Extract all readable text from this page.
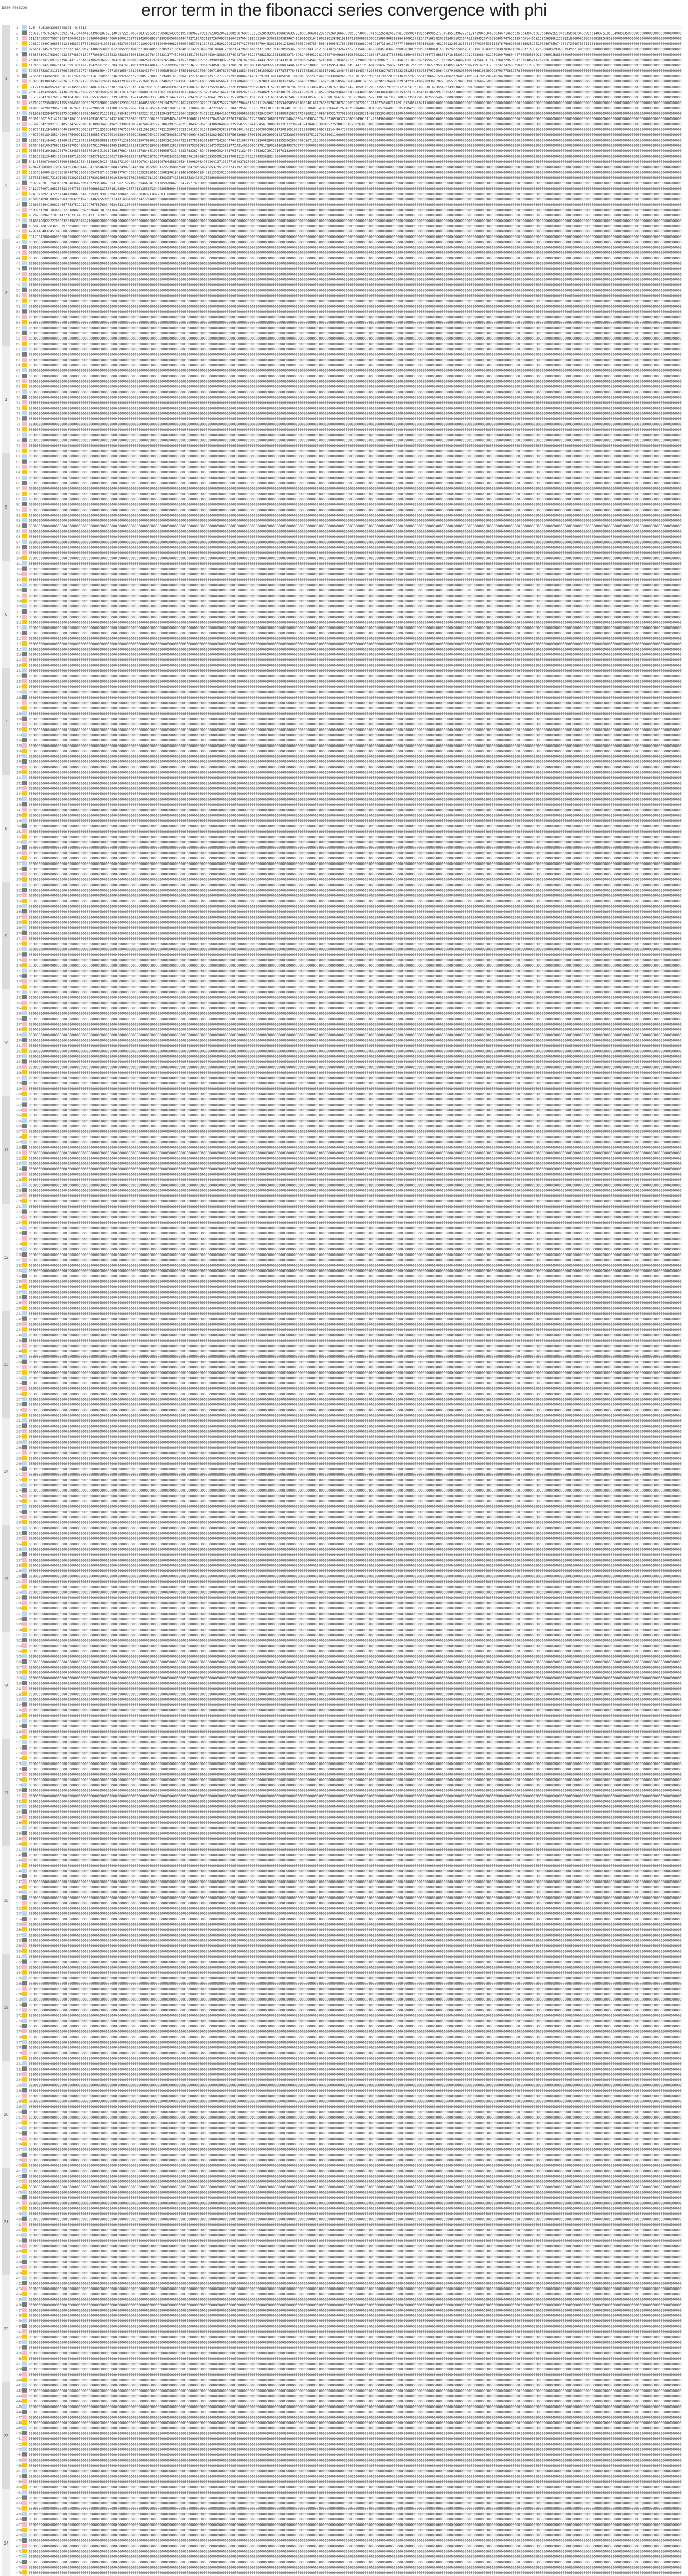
error term in the fibonacci series convergence with phi
base iteration
1
2
3
4
5
6
7
8
9
10
11
12
13
14
15
16
17
18
19
20
21
22
23
24
1	1.0 -0.618033988749895 -0.5813
2	5397197757624240059297417944341833963187628130857225876875837215353696588543935199758967279110923052042126850676800815225285339021686656397223808366341297359260166699005827300097413822658246259812659834191664098527794945523962726121719845844268344714633635064354950106546423273439356587348091361403751858949668350000000000000000000000000000
3	3117145553775974865713040112543596606208844660200017327782428008957428036056000444492718545318572670937916043570043885351094330611393999674162616651642902986138881681871895088093056519908686188848009227925457168582052924831027047115894520746686805747625115430144662258356599123582219569065963706928864868000000000000000000000000000000000000
4	2936294349736608781238683371755250330419951181653700968599129991450140494668285690246579811627231288922796126474276766597904330211001242061000524057834508414905517682556863866990599197258017007774460600769150238446220013259182358109070305538114376760628596816925275200256766074734172640783735131400000000000000000000000000000000000000000000
5	0756342145797333507753216439957013063630068612005593518406710884053962853171351846081329186825981806817576219479400746633713321911828585347858332343125213941873232674322831544896122884518347936609810093593853308401588192567248678192155189430532838783611066283715997262066832934887935621400000000000000000000000000000000000000000000000000000
6	8585301941758067423268748697159777896841185233458286059313301677647783211774526091835170352034630415802357492373643627878622321511535828734796240649327819588740068665198809222793664571868778855635360486327546477366856171885303999196230864322959309706604447669505609214966918885030000000000000000000000000000000000000000000000000000000000000
7	7304450747709792339684371755360430520962292763801078600129002561240405769386701357579821627332399033897237585287876507914431322111243161010535068945619524016617783657973877900699207269027118884560711860261349557321113250293468219080415649115487760729696917035385211267776100000000000000000000000000000000000000000000000000000000000000000000
8	5124508542760426154109914914562194253173309284264761240046693444844227127899876503323672903540948541782017668281000588140240322711060414407473976230800130643595418649649844779596840956377548703496161253095031627395381348501424530074591423017805232742689398402175920000000000000000000000000000000000000000000000000000000000000000000000000000
9	3943567338721151070624547182774858986394426715616554781953284337447049585401041758168423279849697169787897851185243468286159323411778757784311784536102835171462134640415812457402383643627879632332512536829734797250649427929589850068666108809223793775682878000000000000000000000000000000000000000000000000000000000000000000000000000000000000
10	2763616134882885896149179240976611619505532236069246332760985120041861944914126004912274544057357777772677934080476449422978314011485090170159692822393441608330869632291970135309926331987209551367972929663437866215917406237644071052841983701740264700000000000000000000000000000000000000000000000000000000000000000000000000000000000000000000
11	0582664930834510702655712409178385343626649766412939973677576013534582402527391250656025810366006395667457117084600310668788314611103233457098400228685146235107585623966948813205559028237649480293422312496220936170275585555709381946926667690000000000000000000000000000000000000000000000000000000000000000000000000000000000000000000000000000
12	9212713836895244528170345567380048076837766387864722523584167907138304850039466415490876086564755903652237201998843390703697315201910576734836318513887852763074210615742916591102092715597970309129873795230923016135542674963865602940000000000000000000000000000000000000000000000000000000000000000000000000000000000000000000000000000000000000
13	7031871632856978443695978725582702709058873818217414064300868890731126218632641761245627351872314521647127384992076271939406315901638829120774126819178457200942936616518984360008635403846300238154223188164615186099700753271800000000000000000000000000000000000000000000000000000000000000000000000000000000000000000000000000000000000000000000
14	5851820437817603269010410983794565532269080339660207615217459683335848676144717917089478627071064139532907577896200151075315316501345162407623044105370163838819661608383952048905278190196731257080673561998318255054070000000000000000000000000000000000000000000000000000000000000000000000000000000000000000000000000000000000000000000000000000
15	4670979223868337175536043052996229276380197869012990255124040566928669134757982162733229992289713657527787650790443132211124306101053405893461852401661768365787387699069920726901711877456071176916124854732111000000000000000000000000000000000000000000000000000000000000000000000000000000000000000000000000000000000000000000000000000000000000
16	2490037029929062091051676210107982909591214380365792796931741459522481583260167318577089268588472266512567843795676012357933307701870748170309760706853474892664012681835998404808343565706401005951584200000000000000000000000000000000000000000000000000000000000000000000000000000000000000000000000000000000000000000000000000000000000000000000
17	0219086825980796817566209378309646632712321811718485347848332243125113941872232664322830444796121884418347926609800093592843307401588091567247578092154089420531737682601966282714986252056832920000000000000000000000000000000000000000000000000000000000000000000000000000000000000000000000000000000000000000000000000000000000000000000000000000
18	9039135621931421733081841537601409365923437432160278988655923136629935309485407829166681719094770402403127019503043974628652308001295334843086486498346784957309563774386034961611429949000000000000000000000000000000000000000000000000000000000000000000000000000000000000000000000000000000000000000000000000000000000000000000000000000000000000
19	7868283427992155548507474795813163099044554962523960438571624029212757867997582075810432085203430010498907292507276944864561308601912677230924394784638390485276288766152002639500000000000000000000000000000000000000000000000000000000000000000000000000000000000000000000000000000000000000000000000000000000000000000000000000000000000000000000
20	5687242212954889464022007853015827722255661483976753079488215912815478215590757321654183351501189638383887385401400825900380399291720910516762102089839095022144904757930000000000000000000000000000000000000000000000000000000000000000000000000000000000000000000000000000000000000000000000000000000000000000000000000000000000000000000000000000
21	4407390018915514280447540021227580555476778914328446620295806795419290673003822576499934626710838246378667568306643705146199299991437253803600010375121701550011000000000000000000000000000000000000000000000000000000000000000000000000000000000000000000000000000000000000000000000000000000000000000000000000000000000000000000000000000000000000
22	2226349814966248196962172180429244289688895435771238160102507689012012032615007722243785992018497764263447641310877786382008290591155506280549838671312300000000000000000000000000000000000000000000000000000000000000000000000000000000000000000000000000000000000000000000000000000000000000000000000000000000000000000000000000000000000000000000
23	0046408610027983012478705348621007912709902965124921701019197572606834590128172987987536168226147372258227734214010666417817290191862849576397740000000000000000000000000000000000000000000000000000000000000000000000000000000000000000000000000000000000000000000000000000000000000000000000000000000000000000000000000000000000000000000000000000
24	9865556416088617837993348506833761645910119486576614352825788465109556958731348233732387433425896990243017917118243647653627291791670182000000000000000000000000000000000000000000000000000000000000000000000000000000000000000000000000000000000000000000000000000000000000000000000000000000000000000000000000000000000000000000000000000000000000
25	7685505212049342753418971665034424378131235017929406993742479258703377306243523489576138709733555509138897001112477527799536282400000000000000000000000000000000000000000000000000000000000000000000000000000000000000000000000000000000000000000000000000000000000000000000000000000000000000000000000000000000000000000000000000000000000000000000
26	6414663007090076569933503823246188002342342538372199443659070141306199764856698634320989084932204127133777184027610408930000000000000000000000000000000000000000000000000000000000000000000000000000000000000000000000000000000000000000000000000000000000000000000000000000000000000000000000000000000000000000000000000000000000000000000000000000
27	4234712803051700485359136981448941745463459068724982084466661035900811222358863980064730350240853735128557377921000000000000000000000000000000000000000000000000000000000000000000000000000000000000000000000000000000000000000000000000000000000000000000000000000000000000000000000000000000000000000000000000000000000000000000000000000000000000
28	2053761609012435201874679159650605478674566589177674635373352818593633681961948146809590626458513353013300000000000000000000000000000000000000000000000000000000000000000000000000000000000000000000000000000000000000000000000000000000000000000000000000000000000000000000000000000000000000000000000000000000000000000000000000000000000000000000
29	1873819405173169126389202318852379201895683010520467176280953701197455039574113391653341891757260000000000000000000000000000000000000000000000000000000000000000000000000000000000000000000000000000000000000000000000000000000000000000000000000000000000000000000000000000000000000000000000000000000000000000000000000000000000000000000000000000
30	9692878201125894032804834476054032935006790531982150716006544694790176597086288547497192000000000000000000000000000000000000000000000000000000000000000000000000000000000000000000000000000000000000000000000000000000000000000000000000000000000000000000000000000000000000000000000000000000000000000000000000000000000000000000000000000000000000
31	7412927097186528858320477634266796668127807161335942367913135587294908955699463800000000000000000000000000000000000000000000000000000000000000000000000000000000000000000000000000000000000000000000000000000000000000000000000000000000000000000000000000000000000000000000000000000000000000000000000000000000000000000000000000000000000000000000
32	6241075892147253774845000793468559391338923682788645808820836371887720310000000000000000000000000000000000000000000000000000000000000000000000000000000000000000000000000000000000000000000000000000000000000000000000000000000000000000000000000000000000000000000000000000000000000000000000000000000000000000000000000000000000000000000000000000
33	4060034698108987590360632951670213024559030113131438458637427264000000000000000000000000000000000000000000000000000000000000000000000000000000000000000000000000000000000000000000000000000000000000000000000000000000000000000000000000000000000000000000000000000000000000000000000000000000000000000000000000000000000000000000000000000000000000
34	2780182494159611406775275129872976758760147634583120099500000000000000000000000000000000000000000000000000000000000000000000000000000000000000000000000000000000000000000000000000000000000000000000000000000000000000000000000000000000000000000000000000000000000000000000000000000000000000000000000000000000000000000000000000000000000000000000
35	1509231290110346221291808288073630481881364164930000000000000000000000000000000000000000000000000000000000000000000000000000000000000000000000000000000000000000000000000000000000000000000000000000000000000000000000000000000000000000000000000000000000000000000000000000000000000000000000000000000000000000000000000000000000000000000000000000
36	9329280096271070147716331446285493114092000000000000000000000000000000000000000000000000000000000000000000000000000000000000000000000000000000000000000000000000000000000000000000000000000000000000000000000000000000000000000000000000000000000000000000000000000000000000000000000000000000000000000000000000000000000000000000000000000000000000
37	8148348882222705963231963504587100000000000000000000000000000000000000000000000000000000000000000000000000000000000000000000000000000000000000000000000000000000000000000000000000000000000000000000000000000000000000000000000000000000000000000000000000000000000000000000000000000000000000000000000000000000000000000000000000000000000000000000
38	6968497687283439879756500000000000000000000000000000000000000000000000000000000000000000000000000000000000000000000000000000000000000000000000000000000000000000000000000000000000000000000000000000000000000000000000000000000000000000000000000000000000000000000000000000000000000000000000000000000000000000000000000000000000000000000000000000
39	4797446483245164000000000000000000000000000000000000000000000000000000000000000000000000000000000000000000000000000000000000000000000000000000000000000000000000000000000000000000000000000000000000000000000000000000000000000000000000000000000000000000000000000000000000000000000000000000000000000000000000000000000000000000000000000000000000
40	3517504200000000000000000000000000000000000000000000000000000000000000000000000000000000000000000000000000000000000000000000000000000000000000000000000000000000000000000000000000000000000000000000000000000000000000000000000000000000000000000000000000000000000000000000000000000000000000000000000000000000000000000000000000000000000000000000
41	0000000000000000000000000000000000000000000000000000000000000000000000000000000000000000000000000000000000000000000000000000000000000000000000000000000000000000000000000000000000000000000000000000000000000000000000000000000000000000000000000000000000000000000000000000000000000000000000000000000000000000000000000000000000000000000000000000
42	0000000000000000000000000000000000000000000000000000000000000000000000000000000000000000000000000000000000000000000000000000000000000000000000000000000000000000000000000000000000000000000000000000000000000000000000000000000000000000000000000000000000000000000000000000000000000000000000000000000000000000000000000000000000000000000000000000
43	0000000000000000000000000000000000000000000000000000000000000000000000000000000000000000000000000000000000000000000000000000000000000000000000000000000000000000000000000000000000000000000000000000000000000000000000000000000000000000000000000000000000000000000000000000000000000000000000000000000000000000000000000000000000000000000000000000
44	0000000000000000000000000000000000000000000000000000000000000000000000000000000000000000000000000000000000000000000000000000000000000000000000000000000000000000000000000000000000000000000000000000000000000000000000000000000000000000000000000000000000000000000000000000000000000000000000000000000000000000000000000000000000000000000000000000
45	0000000000000000000000000000000000000000000000000000000000000000000000000000000000000000000000000000000000000000000000000000000000000000000000000000000000000000000000000000000000000000000000000000000000000000000000000000000000000000000000000000000000000000000000000000000000000000000000000000000000000000000000000000000000000000000000000000
46	0000000000000000000000000000000000000000000000000000000000000000000000000000000000000000000000000000000000000000000000000000000000000000000000000000000000000000000000000000000000000000000000000000000000000000000000000000000000000000000000000000000000000000000000000000000000000000000000000000000000000000000000000000000000000000000000000000
47	0000000000000000000000000000000000000000000000000000000000000000000000000000000000000000000000000000000000000000000000000000000000000000000000000000000000000000000000000000000000000000000000000000000000000000000000000000000000000000000000000000000000000000000000000000000000000000000000000000000000000000000000000000000000000000000000000000
48	0000000000000000000000000000000000000000000000000000000000000000000000000000000000000000000000000000000000000000000000000000000000000000000000000000000000000000000000000000000000000000000000000000000000000000000000000000000000000000000000000000000000000000000000000000000000000000000000000000000000000000000000000000000000000000000000000000
49	0000000000000000000000000000000000000000000000000000000000000000000000000000000000000000000000000000000000000000000000000000000000000000000000000000000000000000000000000000000000000000000000000000000000000000000000000000000000000000000000000000000000000000000000000000000000000000000000000000000000000000000000000000000000000000000000000000
50	0000000000000000000000000000000000000000000000000000000000000000000000000000000000000000000000000000000000000000000000000000000000000000000000000000000000000000000000000000000000000000000000000000000000000000000000000000000000000000000000000000000000000000000000000000000000000000000000000000000000000000000000000000000000000000000000000000
51	0000000000000000000000000000000000000000000000000000000000000000000000000000000000000000000000000000000000000000000000000000000000000000000000000000000000000000000000000000000000000000000000000000000000000000000000000000000000000000000000000000000000000000000000000000000000000000000000000000000000000000000000000000000000000000000000000000
52	0000000000000000000000000000000000000000000000000000000000000000000000000000000000000000000000000000000000000000000000000000000000000000000000000000000000000000000000000000000000000000000000000000000000000000000000000000000000000000000000000000000000000000000000000000000000000000000000000000000000000000000000000000000000000000000000000000
53	0000000000000000000000000000000000000000000000000000000000000000000000000000000000000000000000000000000000000000000000000000000000000000000000000000000000000000000000000000000000000000000000000000000000000000000000000000000000000000000000000000000000000000000000000000000000000000000000000000000000000000000000000000000000000000000000000000
54	0000000000000000000000000000000000000000000000000000000000000000000000000000000000000000000000000000000000000000000000000000000000000000000000000000000000000000000000000000000000000000000000000000000000000000000000000000000000000000000000000000000000000000000000000000000000000000000000000000000000000000000000000000000000000000000000000000
55	0000000000000000000000000000000000000000000000000000000000000000000000000000000000000000000000000000000000000000000000000000000000000000000000000000000000000000000000000000000000000000000000000000000000000000000000000000000000000000000000000000000000000000000000000000000000000000000000000000000000000000000000000000000000000000000000000000
56	0000000000000000000000000000000000000000000000000000000000000000000000000000000000000000000000000000000000000000000000000000000000000000000000000000000000000000000000000000000000000000000000000000000000000000000000000000000000000000000000000000000000000000000000000000000000000000000000000000000000000000000000000000000000000000000000000000
57	0000000000000000000000000000000000000000000000000000000000000000000000000000000000000000000000000000000000000000000000000000000000000000000000000000000000000000000000000000000000000000000000000000000000000000000000000000000000000000000000000000000000000000000000000000000000000000000000000000000000000000000000000000000000000000000000000000
58	0000000000000000000000000000000000000000000000000000000000000000000000000000000000000000000000000000000000000000000000000000000000000000000000000000000000000000000000000000000000000000000000000000000000000000000000000000000000000000000000000000000000000000000000000000000000000000000000000000000000000000000000000000000000000000000000000000
59	0000000000000000000000000000000000000000000000000000000000000000000000000000000000000000000000000000000000000000000000000000000000000000000000000000000000000000000000000000000000000000000000000000000000000000000000000000000000000000000000000000000000000000000000000000000000000000000000000000000000000000000000000000000000000000000000000000
60	0000000000000000000000000000000000000000000000000000000000000000000000000000000000000000000000000000000000000000000000000000000000000000000000000000000000000000000000000000000000000000000000000000000000000000000000000000000000000000000000000000000000000000000000000000000000000000000000000000000000000000000000000000000000000000000000000000
61	0000000000000000000000000000000000000000000000000000000000000000000000000000000000000000000000000000000000000000000000000000000000000000000000000000000000000000000000000000000000000000000000000000000000000000000000000000000000000000000000000000000000000000000000000000000000000000000000000000000000000000000000000000000000000000000000000000
62	0000000000000000000000000000000000000000000000000000000000000000000000000000000000000000000000000000000000000000000000000000000000000000000000000000000000000000000000000000000000000000000000000000000000000000000000000000000000000000000000000000000000000000000000000000000000000000000000000000000000000000000000000000000000000000000000000000
63	0000000000000000000000000000000000000000000000000000000000000000000000000000000000000000000000000000000000000000000000000000000000000000000000000000000000000000000000000000000000000000000000000000000000000000000000000000000000000000000000000000000000000000000000000000000000000000000000000000000000000000000000000000000000000000000000000000
64	0000000000000000000000000000000000000000000000000000000000000000000000000000000000000000000000000000000000000000000000000000000000000000000000000000000000000000000000000000000000000000000000000000000000000000000000000000000000000000000000000000000000000000000000000000000000000000000000000000000000000000000000000000000000000000000000000000
65	0000000000000000000000000000000000000000000000000000000000000000000000000000000000000000000000000000000000000000000000000000000000000000000000000000000000000000000000000000000000000000000000000000000000000000000000000000000000000000000000000000000000000000000000000000000000000000000000000000000000000000000000000000000000000000000000000000
66	0000000000000000000000000000000000000000000000000000000000000000000000000000000000000000000000000000000000000000000000000000000000000000000000000000000000000000000000000000000000000000000000000000000000000000000000000000000000000000000000000000000000000000000000000000000000000000000000000000000000000000000000000000000000000000000000000000
67	0000000000000000000000000000000000000000000000000000000000000000000000000000000000000000000000000000000000000000000000000000000000000000000000000000000000000000000000000000000000000000000000000000000000000000000000000000000000000000000000000000000000000000000000000000000000000000000000000000000000000000000000000000000000000000000000000000
68	0000000000000000000000000000000000000000000000000000000000000000000000000000000000000000000000000000000000000000000000000000000000000000000000000000000000000000000000000000000000000000000000000000000000000000000000000000000000000000000000000000000000000000000000000000000000000000000000000000000000000000000000000000000000000000000000000000
69	0000000000000000000000000000000000000000000000000000000000000000000000000000000000000000000000000000000000000000000000000000000000000000000000000000000000000000000000000000000000000000000000000000000000000000000000000000000000000000000000000000000000000000000000000000000000000000000000000000000000000000000000000000000000000000000000000000
70	0000000000000000000000000000000000000000000000000000000000000000000000000000000000000000000000000000000000000000000000000000000000000000000000000000000000000000000000000000000000000000000000000000000000000000000000000000000000000000000000000000000000000000000000000000000000000000000000000000000000000000000000000000000000000000000000000000
71	0000000000000000000000000000000000000000000000000000000000000000000000000000000000000000000000000000000000000000000000000000000000000000000000000000000000000000000000000000000000000000000000000000000000000000000000000000000000000000000000000000000000000000000000000000000000000000000000000000000000000000000000000000000000000000000000000000
72	0000000000000000000000000000000000000000000000000000000000000000000000000000000000000000000000000000000000000000000000000000000000000000000000000000000000000000000000000000000000000000000000000000000000000000000000000000000000000000000000000000000000000000000000000000000000000000000000000000000000000000000000000000000000000000000000000000
73	0000000000000000000000000000000000000000000000000000000000000000000000000000000000000000000000000000000000000000000000000000000000000000000000000000000000000000000000000000000000000000000000000000000000000000000000000000000000000000000000000000000000000000000000000000000000000000000000000000000000000000000000000000000000000000000000000000
74	0000000000000000000000000000000000000000000000000000000000000000000000000000000000000000000000000000000000000000000000000000000000000000000000000000000000000000000000000000000000000000000000000000000000000000000000000000000000000000000000000000000000000000000000000000000000000000000000000000000000000000000000000000000000000000000000000000
75	0000000000000000000000000000000000000000000000000000000000000000000000000000000000000000000000000000000000000000000000000000000000000000000000000000000000000000000000000000000000000000000000000000000000000000000000000000000000000000000000000000000000000000000000000000000000000000000000000000000000000000000000000000000000000000000000000000
76	0000000000000000000000000000000000000000000000000000000000000000000000000000000000000000000000000000000000000000000000000000000000000000000000000000000000000000000000000000000000000000000000000000000000000000000000000000000000000000000000000000000000000000000000000000000000000000000000000000000000000000000000000000000000000000000000000000
77	0000000000000000000000000000000000000000000000000000000000000000000000000000000000000000000000000000000000000000000000000000000000000000000000000000000000000000000000000000000000000000000000000000000000000000000000000000000000000000000000000000000000000000000000000000000000000000000000000000000000000000000000000000000000000000000000000000
78	0000000000000000000000000000000000000000000000000000000000000000000000000000000000000000000000000000000000000000000000000000000000000000000000000000000000000000000000000000000000000000000000000000000000000000000000000000000000000000000000000000000000000000000000000000000000000000000000000000000000000000000000000000000000000000000000000000
79	0000000000000000000000000000000000000000000000000000000000000000000000000000000000000000000000000000000000000000000000000000000000000000000000000000000000000000000000000000000000000000000000000000000000000000000000000000000000000000000000000000000000000000000000000000000000000000000000000000000000000000000000000000000000000000000000000000
80	0000000000000000000000000000000000000000000000000000000000000000000000000000000000000000000000000000000000000000000000000000000000000000000000000000000000000000000000000000000000000000000000000000000000000000000000000000000000000000000000000000000000000000000000000000000000000000000000000000000000000000000000000000000000000000000000000000
81	0000000000000000000000000000000000000000000000000000000000000000000000000000000000000000000000000000000000000000000000000000000000000000000000000000000000000000000000000000000000000000000000000000000000000000000000000000000000000000000000000000000000000000000000000000000000000000000000000000000000000000000000000000000000000000000000000000
82	0000000000000000000000000000000000000000000000000000000000000000000000000000000000000000000000000000000000000000000000000000000000000000000000000000000000000000000000000000000000000000000000000000000000000000000000000000000000000000000000000000000000000000000000000000000000000000000000000000000000000000000000000000000000000000000000000000
83	0000000000000000000000000000000000000000000000000000000000000000000000000000000000000000000000000000000000000000000000000000000000000000000000000000000000000000000000000000000000000000000000000000000000000000000000000000000000000000000000000000000000000000000000000000000000000000000000000000000000000000000000000000000000000000000000000000
84	0000000000000000000000000000000000000000000000000000000000000000000000000000000000000000000000000000000000000000000000000000000000000000000000000000000000000000000000000000000000000000000000000000000000000000000000000000000000000000000000000000000000000000000000000000000000000000000000000000000000000000000000000000000000000000000000000000
85	0000000000000000000000000000000000000000000000000000000000000000000000000000000000000000000000000000000000000000000000000000000000000000000000000000000000000000000000000000000000000000000000000000000000000000000000000000000000000000000000000000000000000000000000000000000000000000000000000000000000000000000000000000000000000000000000000000
86	0000000000000000000000000000000000000000000000000000000000000000000000000000000000000000000000000000000000000000000000000000000000000000000000000000000000000000000000000000000000000000000000000000000000000000000000000000000000000000000000000000000000000000000000000000000000000000000000000000000000000000000000000000000000000000000000000000
87	0000000000000000000000000000000000000000000000000000000000000000000000000000000000000000000000000000000000000000000000000000000000000000000000000000000000000000000000000000000000000000000000000000000000000000000000000000000000000000000000000000000000000000000000000000000000000000000000000000000000000000000000000000000000000000000000000000
88	0000000000000000000000000000000000000000000000000000000000000000000000000000000000000000000000000000000000000000000000000000000000000000000000000000000000000000000000000000000000000000000000000000000000000000000000000000000000000000000000000000000000000000000000000000000000000000000000000000000000000000000000000000000000000000000000000000
89	0000000000000000000000000000000000000000000000000000000000000000000000000000000000000000000000000000000000000000000000000000000000000000000000000000000000000000000000000000000000000000000000000000000000000000000000000000000000000000000000000000000000000000000000000000000000000000000000000000000000000000000000000000000000000000000000000000
90	0000000000000000000000000000000000000000000000000000000000000000000000000000000000000000000000000000000000000000000000000000000000000000000000000000000000000000000000000000000000000000000000000000000000000000000000000000000000000000000000000000000000000000000000000000000000000000000000000000000000000000000000000000000000000000000000000000
91	0000000000000000000000000000000000000000000000000000000000000000000000000000000000000000000000000000000000000000000000000000000000000000000000000000000000000000000000000000000000000000000000000000000000000000000000000000000000000000000000000000000000000000000000000000000000000000000000000000000000000000000000000000000000000000000000000000
92	0000000000000000000000000000000000000000000000000000000000000000000000000000000000000000000000000000000000000000000000000000000000000000000000000000000000000000000000000000000000000000000000000000000000000000000000000000000000000000000000000000000000000000000000000000000000000000000000000000000000000000000000000000000000000000000000000000
93	0000000000000000000000000000000000000000000000000000000000000000000000000000000000000000000000000000000000000000000000000000000000000000000000000000000000000000000000000000000000000000000000000000000000000000000000000000000000000000000000000000000000000000000000000000000000000000000000000000000000000000000000000000000000000000000000000000
94	0000000000000000000000000000000000000000000000000000000000000000000000000000000000000000000000000000000000000000000000000000000000000000000000000000000000000000000000000000000000000000000000000000000000000000000000000000000000000000000000000000000000000000000000000000000000000000000000000000000000000000000000000000000000000000000000000000
95	0000000000000000000000000000000000000000000000000000000000000000000000000000000000000000000000000000000000000000000000000000000000000000000000000000000000000000000000000000000000000000000000000000000000000000000000000000000000000000000000000000000000000000000000000000000000000000000000000000000000000000000000000000000000000000000000000000
96	0000000000000000000000000000000000000000000000000000000000000000000000000000000000000000000000000000000000000000000000000000000000000000000000000000000000000000000000000000000000000000000000000000000000000000000000000000000000000000000000000000000000000000000000000000000000000000000000000000000000000000000000000000000000000000000000000000
97	0000000000000000000000000000000000000000000000000000000000000000000000000000000000000000000000000000000000000000000000000000000000000000000000000000000000000000000000000000000000000000000000000000000000000000000000000000000000000000000000000000000000000000000000000000000000000000000000000000000000000000000000000000000000000000000000000000
98	0000000000000000000000000000000000000000000000000000000000000000000000000000000000000000000000000000000000000000000000000000000000000000000000000000000000000000000000000000000000000000000000000000000000000000000000000000000000000000000000000000000000000000000000000000000000000000000000000000000000000000000000000000000000000000000000000000
99	0000000000000000000000000000000000000000000000000000000000000000000000000000000000000000000000000000000000000000000000000000000000000000000000000000000000000000000000000000000000000000000000000000000000000000000000000000000000000000000000000000000000000000000000000000000000000000000000000000000000000000000000000000000000000000000000000000
100 0000000000000000000000000000000000000000000000000000000000000000000000000000000000000000000000000000000000000000000000000000000000000000000000000000000000000000000000000000000000000000000000000000000000000000000000000000000000000000000000000000000000000000000000000000000000000000000000000000000000000000000000000000000000000000000000000000
101 0000000000000000000000000000000000000000000000000000000000000000000000000000000000000000000000000000000000000000000000000000000000000000000000000000000000000000000000000000000000000000000000000000000000000000000000000000000000000000000000000000000000000000000000000000000000000000000000000000000000000000000000000000000000000000000000000000
102 0000000000000000000000000000000000000000000000000000000000000000000000000000000000000000000000000000000000000000000000000000000000000000000000000000000000000000000000000000000000000000000000000000000000000000000000000000000000000000000000000000000000000000000000000000000000000000000000000000000000000000000000000000000000000000000000000000
103 0000000000000000000000000000000000000000000000000000000000000000000000000000000000000000000000000000000000000000000000000000000000000000000000000000000000000000000000000000000000000000000000000000000000000000000000000000000000000000000000000000000000000000000000000000000000000000000000000000000000000000000000000000000000000000000000000000
104 0000000000000000000000000000000000000000000000000000000000000000000000000000000000000000000000000000000000000000000000000000000000000000000000000000000000000000000000000000000000000000000000000000000000000000000000000000000000000000000000000000000000000000000000000000000000000000000000000000000000000000000000000000000000000000000000000000
105 0000000000000000000000000000000000000000000000000000000000000000000000000000000000000000000000000000000000000000000000000000000000000000000000000000000000000000000000000000000000000000000000000000000000000000000000000000000000000000000000000000000000000000000000000000000000000000000000000000000000000000000000000000000000000000000000000000
106 0000000000000000000000000000000000000000000000000000000000000000000000000000000000000000000000000000000000000000000000000000000000000000000000000000000000000000000000000000000000000000000000000000000000000000000000000000000000000000000000000000000000000000000000000000000000000000000000000000000000000000000000000000000000000000000000000000
107 0000000000000000000000000000000000000000000000000000000000000000000000000000000000000000000000000000000000000000000000000000000000000000000000000000000000000000000000000000000000000000000000000000000000000000000000000000000000000000000000000000000000000000000000000000000000000000000000000000000000000000000000000000000000000000000000000000
108 0000000000000000000000000000000000000000000000000000000000000000000000000000000000000000000000000000000000000000000000000000000000000000000000000000000000000000000000000000000000000000000000000000000000000000000000000000000000000000000000000000000000000000000000000000000000000000000000000000000000000000000000000000000000000000000000000000
109 0000000000000000000000000000000000000000000000000000000000000000000000000000000000000000000000000000000000000000000000000000000000000000000000000000000000000000000000000000000000000000000000000000000000000000000000000000000000000000000000000000000000000000000000000000000000000000000000000000000000000000000000000000000000000000000000000000
110 0000000000000000000000000000000000000000000000000000000000000000000000000000000000000000000000000000000000000000000000000000000000000000000000000000000000000000000000000000000000000000000000000000000000000000000000000000000000000000000000000000000000000000000000000000000000000000000000000000000000000000000000000000000000000000000000000000
111 0000000000000000000000000000000000000000000000000000000000000000000000000000000000000000000000000000000000000000000000000000000000000000000000000000000000000000000000000000000000000000000000000000000000000000000000000000000000000000000000000000000000000000000000000000000000000000000000000000000000000000000000000000000000000000000000000000
112 0000000000000000000000000000000000000000000000000000000000000000000000000000000000000000000000000000000000000000000000000000000000000000000000000000000000000000000000000000000000000000000000000000000000000000000000000000000000000000000000000000000000000000000000000000000000000000000000000000000000000000000000000000000000000000000000000000
113 0000000000000000000000000000000000000000000000000000000000000000000000000000000000000000000000000000000000000000000000000000000000000000000000000000000000000000000000000000000000000000000000000000000000000000000000000000000000000000000000000000000000000000000000000000000000000000000000000000000000000000000000000000000000000000000000000000
114 0000000000000000000000000000000000000000000000000000000000000000000000000000000000000000000000000000000000000000000000000000000000000000000000000000000000000000000000000000000000000000000000000000000000000000000000000000000000000000000000000000000000000000000000000000000000000000000000000000000000000000000000000000000000000000000000000000
115 0000000000000000000000000000000000000000000000000000000000000000000000000000000000000000000000000000000000000000000000000000000000000000000000000000000000000000000000000000000000000000000000000000000000000000000000000000000000000000000000000000000000000000000000000000000000000000000000000000000000000000000000000000000000000000000000000000
116 0000000000000000000000000000000000000000000000000000000000000000000000000000000000000000000000000000000000000000000000000000000000000000000000000000000000000000000000000000000000000000000000000000000000000000000000000000000000000000000000000000000000000000000000000000000000000000000000000000000000000000000000000000000000000000000000000000
117 0000000000000000000000000000000000000000000000000000000000000000000000000000000000000000000000000000000000000000000000000000000000000000000000000000000000000000000000000000000000000000000000000000000000000000000000000000000000000000000000000000000000000000000000000000000000000000000000000000000000000000000000000000000000000000000000000000
118 0000000000000000000000000000000000000000000000000000000000000000000000000000000000000000000000000000000000000000000000000000000000000000000000000000000000000000000000000000000000000000000000000000000000000000000000000000000000000000000000000000000000000000000000000000000000000000000000000000000000000000000000000000000000000000000000000000
119 0000000000000000000000000000000000000000000000000000000000000000000000000000000000000000000000000000000000000000000000000000000000000000000000000000000000000000000000000000000000000000000000000000000000000000000000000000000000000000000000000000000000000000000000000000000000000000000000000000000000000000000000000000000000000000000000000000
120 0000000000000000000000000000000000000000000000000000000000000000000000000000000000000000000000000000000000000000000000000000000000000000000000000000000000000000000000000000000000000000000000000000000000000000000000000000000000000000000000000000000000000000000000000000000000000000000000000000000000000000000000000000000000000000000000000000
121 0000000000000000000000000000000000000000000000000000000000000000000000000000000000000000000000000000000000000000000000000000000000000000000000000000000000000000000000000000000000000000000000000000000000000000000000000000000000000000000000000000000000000000000000000000000000000000000000000000000000000000000000000000000000000000000000000000
122 0000000000000000000000000000000000000000000000000000000000000000000000000000000000000000000000000000000000000000000000000000000000000000000000000000000000000000000000000000000000000000000000000000000000000000000000000000000000000000000000000000000000000000000000000000000000000000000000000000000000000000000000000000000000000000000000000000
123 0000000000000000000000000000000000000000000000000000000000000000000000000000000000000000000000000000000000000000000000000000000000000000000000000000000000000000000000000000000000000000000000000000000000000000000000000000000000000000000000000000000000000000000000000000000000000000000000000000000000000000000000000000000000000000000000000000
124 0000000000000000000000000000000000000000000000000000000000000000000000000000000000000000000000000000000000000000000000000000000000000000000000000000000000000000000000000000000000000000000000000000000000000000000000000000000000000000000000000000000000000000000000000000000000000000000000000000000000000000000000000000000000000000000000000000
125 0000000000000000000000000000000000000000000000000000000000000000000000000000000000000000000000000000000000000000000000000000000000000000000000000000000000000000000000000000000000000000000000000000000000000000000000000000000000000000000000000000000000000000000000000000000000000000000000000000000000000000000000000000000000000000000000000000
126 0000000000000000000000000000000000000000000000000000000000000000000000000000000000000000000000000000000000000000000000000000000000000000000000000000000000000000000000000000000000000000000000000000000000000000000000000000000000000000000000000000000000000000000000000000000000000000000000000000000000000000000000000000000000000000000000000000
127 0000000000000000000000000000000000000000000000000000000000000000000000000000000000000000000000000000000000000000000000000000000000000000000000000000000000000000000000000000000000000000000000000000000000000000000000000000000000000000000000000000000000000000000000000000000000000000000000000000000000000000000000000000000000000000000000000000
128 0000000000000000000000000000000000000000000000000000000000000000000000000000000000000000000000000000000000000000000000000000000000000000000000000000000000000000000000000000000000000000000000000000000000000000000000000000000000000000000000000000000000000000000000000000000000000000000000000000000000000000000000000000000000000000000000000000
129 0000000000000000000000000000000000000000000000000000000000000000000000000000000000000000000000000000000000000000000000000000000000000000000000000000000000000000000000000000000000000000000000000000000000000000000000000000000000000000000000000000000000000000000000000000000000000000000000000000000000000000000000000000000000000000000000000000
130 0000000000000000000000000000000000000000000000000000000000000000000000000000000000000000000000000000000000000000000000000000000000000000000000000000000000000000000000000000000000000000000000000000000000000000000000000000000000000000000000000000000000000000000000000000000000000000000000000000000000000000000000000000000000000000000000000000
131 0000000000000000000000000000000000000000000000000000000000000000000000000000000000000000000000000000000000000000000000000000000000000000000000000000000000000000000000000000000000000000000000000000000000000000000000000000000000000000000000000000000000000000000000000000000000000000000000000000000000000000000000000000000000000000000000000000
132 0000000000000000000000000000000000000000000000000000000000000000000000000000000000000000000000000000000000000000000000000000000000000000000000000000000000000000000000000000000000000000000000000000000000000000000000000000000000000000000000000000000000000000000000000000000000000000000000000000000000000000000000000000000000000000000000000000
133 0000000000000000000000000000000000000000000000000000000000000000000000000000000000000000000000000000000000000000000000000000000000000000000000000000000000000000000000000000000000000000000000000000000000000000000000000000000000000000000000000000000000000000000000000000000000000000000000000000000000000000000000000000000000000000000000000000
134 0000000000000000000000000000000000000000000000000000000000000000000000000000000000000000000000000000000000000000000000000000000000000000000000000000000000000000000000000000000000000000000000000000000000000000000000000000000000000000000000000000000000000000000000000000000000000000000000000000000000000000000000000000000000000000000000000000
135 0000000000000000000000000000000000000000000000000000000000000000000000000000000000000000000000000000000000000000000000000000000000000000000000000000000000000000000000000000000000000000000000000000000000000000000000000000000000000000000000000000000000000000000000000000000000000000000000000000000000000000000000000000000000000000000000000000
136 0000000000000000000000000000000000000000000000000000000000000000000000000000000000000000000000000000000000000000000000000000000000000000000000000000000000000000000000000000000000000000000000000000000000000000000000000000000000000000000000000000000000000000000000000000000000000000000000000000000000000000000000000000000000000000000000000000
137 0000000000000000000000000000000000000000000000000000000000000000000000000000000000000000000000000000000000000000000000000000000000000000000000000000000000000000000000000000000000000000000000000000000000000000000000000000000000000000000000000000000000000000000000000000000000000000000000000000000000000000000000000000000000000000000000000000
138 0000000000000000000000000000000000000000000000000000000000000000000000000000000000000000000000000000000000000000000000000000000000000000000000000000000000000000000000000000000000000000000000000000000000000000000000000000000000000000000000000000000000000000000000000000000000000000000000000000000000000000000000000000000000000000000000000000
139 0000000000000000000000000000000000000000000000000000000000000000000000000000000000000000000000000000000000000000000000000000000000000000000000000000000000000000000000000000000000000000000000000000000000000000000000000000000000000000000000000000000000000000000000000000000000000000000000000000000000000000000000000000000000000000000000000000
140 0000000000000000000000000000000000000000000000000000000000000000000000000000000000000000000000000000000000000000000000000000000000000000000000000000000000000000000000000000000000000000000000000000000000000000000000000000000000000000000000000000000000000000000000000000000000000000000000000000000000000000000000000000000000000000000000000000
141 0000000000000000000000000000000000000000000000000000000000000000000000000000000000000000000000000000000000000000000000000000000000000000000000000000000000000000000000000000000000000000000000000000000000000000000000000000000000000000000000000000000000000000000000000000000000000000000000000000000000000000000000000000000000000000000000000000
142 0000000000000000000000000000000000000000000000000000000000000000000000000000000000000000000000000000000000000000000000000000000000000000000000000000000000000000000000000000000000000000000000000000000000000000000000000000000000000000000000000000000000000000000000000000000000000000000000000000000000000000000000000000000000000000000000000000
143 0000000000000000000000000000000000000000000000000000000000000000000000000000000000000000000000000000000000000000000000000000000000000000000000000000000000000000000000000000000000000000000000000000000000000000000000000000000000000000000000000000000000000000000000000000000000000000000000000000000000000000000000000000000000000000000000000000
144 0000000000000000000000000000000000000000000000000000000000000000000000000000000000000000000000000000000000000000000000000000000000000000000000000000000000000000000000000000000000000000000000000000000000000000000000000000000000000000000000000000000000000000000000000000000000000000000000000000000000000000000000000000000000000000000000000000
145 0000000000000000000000000000000000000000000000000000000000000000000000000000000000000000000000000000000000000000000000000000000000000000000000000000000000000000000000000000000000000000000000000000000000000000000000000000000000000000000000000000000000000000000000000000000000000000000000000000000000000000000000000000000000000000000000000000
146 0000000000000000000000000000000000000000000000000000000000000000000000000000000000000000000000000000000000000000000000000000000000000000000000000000000000000000000000000000000000000000000000000000000000000000000000000000000000000000000000000000000000000000000000000000000000000000000000000000000000000000000000000000000000000000000000000000
147 0000000000000000000000000000000000000000000000000000000000000000000000000000000000000000000000000000000000000000000000000000000000000000000000000000000000000000000000000000000000000000000000000000000000000000000000000000000000000000000000000000000000000000000000000000000000000000000000000000000000000000000000000000000000000000000000000000
148 0000000000000000000000000000000000000000000000000000000000000000000000000000000000000000000000000000000000000000000000000000000000000000000000000000000000000000000000000000000000000000000000000000000000000000000000000000000000000000000000000000000000000000000000000000000000000000000000000000000000000000000000000000000000000000000000000000
149 0000000000000000000000000000000000000000000000000000000000000000000000000000000000000000000000000000000000000000000000000000000000000000000000000000000000000000000000000000000000000000000000000000000000000000000000000000000000000000000000000000000000000000000000000000000000000000000000000000000000000000000000000000000000000000000000000000
150 0000000000000000000000000000000000000000000000000000000000000000000000000000000000000000000000000000000000000000000000000000000000000000000000000000000000000000000000000000000000000000000000000000000000000000000000000000000000000000000000000000000000000000000000000000000000000000000000000000000000000000000000000000000000000000000000000000
151 0000000000000000000000000000000000000000000000000000000000000000000000000000000000000000000000000000000000000000000000000000000000000000000000000000000000000000000000000000000000000000000000000000000000000000000000000000000000000000000000000000000000000000000000000000000000000000000000000000000000000000000000000000000000000000000000000000
152 0000000000000000000000000000000000000000000000000000000000000000000000000000000000000000000000000000000000000000000000000000000000000000000000000000000000000000000000000000000000000000000000000000000000000000000000000000000000000000000000000000000000000000000000000000000000000000000000000000000000000000000000000000000000000000000000000000
153 0000000000000000000000000000000000000000000000000000000000000000000000000000000000000000000000000000000000000000000000000000000000000000000000000000000000000000000000000000000000000000000000000000000000000000000000000000000000000000000000000000000000000000000000000000000000000000000000000000000000000000000000000000000000000000000000000000
154 0000000000000000000000000000000000000000000000000000000000000000000000000000000000000000000000000000000000000000000000000000000000000000000000000000000000000000000000000000000000000000000000000000000000000000000000000000000000000000000000000000000000000000000000000000000000000000000000000000000000000000000000000000000000000000000000000000
155 0000000000000000000000000000000000000000000000000000000000000000000000000000000000000000000000000000000000000000000000000000000000000000000000000000000000000000000000000000000000000000000000000000000000000000000000000000000000000000000000000000000000000000000000000000000000000000000000000000000000000000000000000000000000000000000000000000
156 0000000000000000000000000000000000000000000000000000000000000000000000000000000000000000000000000000000000000000000000000000000000000000000000000000000000000000000000000000000000000000000000000000000000000000000000000000000000000000000000000000000000000000000000000000000000000000000000000000000000000000000000000000000000000000000000000000
157 0000000000000000000000000000000000000000000000000000000000000000000000000000000000000000000000000000000000000000000000000000000000000000000000000000000000000000000000000000000000000000000000000000000000000000000000000000000000000000000000000000000000000000000000000000000000000000000000000000000000000000000000000000000000000000000000000000
158 0000000000000000000000000000000000000000000000000000000000000000000000000000000000000000000000000000000000000000000000000000000000000000000000000000000000000000000000000000000000000000000000000000000000000000000000000000000000000000000000000000000000000000000000000000000000000000000000000000000000000000000000000000000000000000000000000000
159 0000000000000000000000000000000000000000000000000000000000000000000000000000000000000000000000000000000000000000000000000000000000000000000000000000000000000000000000000000000000000000000000000000000000000000000000000000000000000000000000000000000000000000000000000000000000000000000000000000000000000000000000000000000000000000000000000000
160 0000000000000000000000000000000000000000000000000000000000000000000000000000000000000000000000000000000000000000000000000000000000000000000000000000000000000000000000000000000000000000000000000000000000000000000000000000000000000000000000000000000000000000000000000000000000000000000000000000000000000000000000000000000000000000000000000000
161 0000000000000000000000000000000000000000000000000000000000000000000000000000000000000000000000000000000000000000000000000000000000000000000000000000000000000000000000000000000000000000000000000000000000000000000000000000000000000000000000000000000000000000000000000000000000000000000000000000000000000000000000000000000000000000000000000000
162 0000000000000000000000000000000000000000000000000000000000000000000000000000000000000000000000000000000000000000000000000000000000000000000000000000000000000000000000000000000000000000000000000000000000000000000000000000000000000000000000000000000000000000000000000000000000000000000000000000000000000000000000000000000000000000000000000000
163 0000000000000000000000000000000000000000000000000000000000000000000000000000000000000000000000000000000000000000000000000000000000000000000000000000000000000000000000000000000000000000000000000000000000000000000000000000000000000000000000000000000000000000000000000000000000000000000000000000000000000000000000000000000000000000000000000000
164 0000000000000000000000000000000000000000000000000000000000000000000000000000000000000000000000000000000000000000000000000000000000000000000000000000000000000000000000000000000000000000000000000000000000000000000000000000000000000000000000000000000000000000000000000000000000000000000000000000000000000000000000000000000000000000000000000000
165 0000000000000000000000000000000000000000000000000000000000000000000000000000000000000000000000000000000000000000000000000000000000000000000000000000000000000000000000000000000000000000000000000000000000000000000000000000000000000000000000000000000000000000000000000000000000000000000000000000000000000000000000000000000000000000000000000000
166 0000000000000000000000000000000000000000000000000000000000000000000000000000000000000000000000000000000000000000000000000000000000000000000000000000000000000000000000000000000000000000000000000000000000000000000000000000000000000000000000000000000000000000000000000000000000000000000000000000000000000000000000000000000000000000000000000000
167 0000000000000000000000000000000000000000000000000000000000000000000000000000000000000000000000000000000000000000000000000000000000000000000000000000000000000000000000000000000000000000000000000000000000000000000000000000000000000000000000000000000000000000000000000000000000000000000000000000000000000000000000000000000000000000000000000000
168 0000000000000000000000000000000000000000000000000000000000000000000000000000000000000000000000000000000000000000000000000000000000000000000000000000000000000000000000000000000000000000000000000000000000000000000000000000000000000000000000000000000000000000000000000000000000000000000000000000000000000000000000000000000000000000000000000000
169 0000000000000000000000000000000000000000000000000000000000000000000000000000000000000000000000000000000000000000000000000000000000000000000000000000000000000000000000000000000000000000000000000000000000000000000000000000000000000000000000000000000000000000000000000000000000000000000000000000000000000000000000000000000000000000000000000000
170 0000000000000000000000000000000000000000000000000000000000000000000000000000000000000000000000000000000000000000000000000000000000000000000000000000000000000000000000000000000000000000000000000000000000000000000000000000000000000000000000000000000000000000000000000000000000000000000000000000000000000000000000000000000000000000000000000000
171 0000000000000000000000000000000000000000000000000000000000000000000000000000000000000000000000000000000000000000000000000000000000000000000000000000000000000000000000000000000000000000000000000000000000000000000000000000000000000000000000000000000000000000000000000000000000000000000000000000000000000000000000000000000000000000000000000000
172 0000000000000000000000000000000000000000000000000000000000000000000000000000000000000000000000000000000000000000000000000000000000000000000000000000000000000000000000000000000000000000000000000000000000000000000000000000000000000000000000000000000000000000000000000000000000000000000000000000000000000000000000000000000000000000000000000000
173 0000000000000000000000000000000000000000000000000000000000000000000000000000000000000000000000000000000000000000000000000000000000000000000000000000000000000000000000000000000000000000000000000000000000000000000000000000000000000000000000000000000000000000000000000000000000000000000000000000000000000000000000000000000000000000000000000000
174 0000000000000000000000000000000000000000000000000000000000000000000000000000000000000000000000000000000000000000000000000000000000000000000000000000000000000000000000000000000000000000000000000000000000000000000000000000000000000000000000000000000000000000000000000000000000000000000000000000000000000000000000000000000000000000000000000000
175 0000000000000000000000000000000000000000000000000000000000000000000000000000000000000000000000000000000000000000000000000000000000000000000000000000000000000000000000000000000000000000000000000000000000000000000000000000000000000000000000000000000000000000000000000000000000000000000000000000000000000000000000000000000000000000000000000000
176 0000000000000000000000000000000000000000000000000000000000000000000000000000000000000000000000000000000000000000000000000000000000000000000000000000000000000000000000000000000000000000000000000000000000000000000000000000000000000000000000000000000000000000000000000000000000000000000000000000000000000000000000000000000000000000000000000000
177 0000000000000000000000000000000000000000000000000000000000000000000000000000000000000000000000000000000000000000000000000000000000000000000000000000000000000000000000000000000000000000000000000000000000000000000000000000000000000000000000000000000000000000000000000000000000000000000000000000000000000000000000000000000000000000000000000000
178 0000000000000000000000000000000000000000000000000000000000000000000000000000000000000000000000000000000000000000000000000000000000000000000000000000000000000000000000000000000000000000000000000000000000000000000000000000000000000000000000000000000000000000000000000000000000000000000000000000000000000000000000000000000000000000000000000000
179 0000000000000000000000000000000000000000000000000000000000000000000000000000000000000000000000000000000000000000000000000000000000000000000000000000000000000000000000000000000000000000000000000000000000000000000000000000000000000000000000000000000000000000000000000000000000000000000000000000000000000000000000000000000000000000000000000000
180 0000000000000000000000000000000000000000000000000000000000000000000000000000000000000000000000000000000000000000000000000000000000000000000000000000000000000000000000000000000000000000000000000000000000000000000000000000000000000000000000000000000000000000000000000000000000000000000000000000000000000000000000000000000000000000000000000000
181 0000000000000000000000000000000000000000000000000000000000000000000000000000000000000000000000000000000000000000000000000000000000000000000000000000000000000000000000000000000000000000000000000000000000000000000000000000000000000000000000000000000000000000000000000000000000000000000000000000000000000000000000000000000000000000000000000000
182 0000000000000000000000000000000000000000000000000000000000000000000000000000000000000000000000000000000000000000000000000000000000000000000000000000000000000000000000000000000000000000000000000000000000000000000000000000000000000000000000000000000000000000000000000000000000000000000000000000000000000000000000000000000000000000000000000000
183 0000000000000000000000000000000000000000000000000000000000000000000000000000000000000000000000000000000000000000000000000000000000000000000000000000000000000000000000000000000000000000000000000000000000000000000000000000000000000000000000000000000000000000000000000000000000000000000000000000000000000000000000000000000000000000000000000000
184 0000000000000000000000000000000000000000000000000000000000000000000000000000000000000000000000000000000000000000000000000000000000000000000000000000000000000000000000000000000000000000000000000000000000000000000000000000000000000000000000000000000000000000000000000000000000000000000000000000000000000000000000000000000000000000000000000000
185 0000000000000000000000000000000000000000000000000000000000000000000000000000000000000000000000000000000000000000000000000000000000000000000000000000000000000000000000000000000000000000000000000000000000000000000000000000000000000000000000000000000000000000000000000000000000000000000000000000000000000000000000000000000000000000000000000000
186 0000000000000000000000000000000000000000000000000000000000000000000000000000000000000000000000000000000000000000000000000000000000000000000000000000000000000000000000000000000000000000000000000000000000000000000000000000000000000000000000000000000000000000000000000000000000000000000000000000000000000000000000000000000000000000000000000000
187 0000000000000000000000000000000000000000000000000000000000000000000000000000000000000000000000000000000000000000000000000000000000000000000000000000000000000000000000000000000000000000000000000000000000000000000000000000000000000000000000000000000000000000000000000000000000000000000000000000000000000000000000000000000000000000000000000000
188 0000000000000000000000000000000000000000000000000000000000000000000000000000000000000000000000000000000000000000000000000000000000000000000000000000000000000000000000000000000000000000000000000000000000000000000000000000000000000000000000000000000000000000000000000000000000000000000000000000000000000000000000000000000000000000000000000000
189 0000000000000000000000000000000000000000000000000000000000000000000000000000000000000000000000000000000000000000000000000000000000000000000000000000000000000000000000000000000000000000000000000000000000000000000000000000000000000000000000000000000000000000000000000000000000000000000000000000000000000000000000000000000000000000000000000000
190 0000000000000000000000000000000000000000000000000000000000000000000000000000000000000000000000000000000000000000000000000000000000000000000000000000000000000000000000000000000000000000000000000000000000000000000000000000000000000000000000000000000000000000000000000000000000000000000000000000000000000000000000000000000000000000000000000000
191 0000000000000000000000000000000000000000000000000000000000000000000000000000000000000000000000000000000000000000000000000000000000000000000000000000000000000000000000000000000000000000000000000000000000000000000000000000000000000000000000000000000000000000000000000000000000000000000000000000000000000000000000000000000000000000000000000000
192 0000000000000000000000000000000000000000000000000000000000000000000000000000000000000000000000000000000000000000000000000000000000000000000000000000000000000000000000000000000000000000000000000000000000000000000000000000000000000000000000000000000000000000000000000000000000000000000000000000000000000000000000000000000000000000000000000000
193 0000000000000000000000000000000000000000000000000000000000000000000000000000000000000000000000000000000000000000000000000000000000000000000000000000000000000000000000000000000000000000000000000000000000000000000000000000000000000000000000000000000000000000000000000000000000000000000000000000000000000000000000000000000000000000000000000000
194 0000000000000000000000000000000000000000000000000000000000000000000000000000000000000000000000000000000000000000000000000000000000000000000000000000000000000000000000000000000000000000000000000000000000000000000000000000000000000000000000000000000000000000000000000000000000000000000000000000000000000000000000000000000000000000000000000000
195 0000000000000000000000000000000000000000000000000000000000000000000000000000000000000000000000000000000000000000000000000000000000000000000000000000000000000000000000000000000000000000000000000000000000000000000000000000000000000000000000000000000000000000000000000000000000000000000000000000000000000000000000000000000000000000000000000000
196 0000000000000000000000000000000000000000000000000000000000000000000000000000000000000000000000000000000000000000000000000000000000000000000000000000000000000000000000000000000000000000000000000000000000000000000000000000000000000000000000000000000000000000000000000000000000000000000000000000000000000000000000000000000000000000000000000000
197 0000000000000000000000000000000000000000000000000000000000000000000000000000000000000000000000000000000000000000000000000000000000000000000000000000000000000000000000000000000000000000000000000000000000000000000000000000000000000000000000000000000000000000000000000000000000000000000000000000000000000000000000000000000000000000000000000000
198 0000000000000000000000000000000000000000000000000000000000000000000000000000000000000000000000000000000000000000000000000000000000000000000000000000000000000000000000000000000000000000000000000000000000000000000000000000000000000000000000000000000000000000000000000000000000000000000000000000000000000000000000000000000000000000000000000000
199 0000000000000000000000000000000000000000000000000000000000000000000000000000000000000000000000000000000000000000000000000000000000000000000000000000000000000000000000000000000000000000000000000000000000000000000000000000000000000000000000000000000000000000000000000000000000000000000000000000000000000000000000000000000000000000000000000000
200 0000000000000000000000000000000000000000000000000000000000000000000000000000000000000000000000000000000000000000000000000000000000000000000000000000000000000000000000000000000000000000000000000000000000000000000000000000000000000000000000000000000000000000000000000000000000000000000000000000000000000000000000000000000000000000000000000000
201 0000000000000000000000000000000000000000000000000000000000000000000000000000000000000000000000000000000000000000000000000000000000000000000000000000000000000000000000000000000000000000000000000000000000000000000000000000000000000000000000000000000000000000000000000000000000000000000000000000000000000000000000000000000000000000000000000000
202 0000000000000000000000000000000000000000000000000000000000000000000000000000000000000000000000000000000000000000000000000000000000000000000000000000000000000000000000000000000000000000000000000000000000000000000000000000000000000000000000000000000000000000000000000000000000000000000000000000000000000000000000000000000000000000000000000000
203 0000000000000000000000000000000000000000000000000000000000000000000000000000000000000000000000000000000000000000000000000000000000000000000000000000000000000000000000000000000000000000000000000000000000000000000000000000000000000000000000000000000000000000000000000000000000000000000000000000000000000000000000000000000000000000000000000000
204 0000000000000000000000000000000000000000000000000000000000000000000000000000000000000000000000000000000000000000000000000000000000000000000000000000000000000000000000000000000000000000000000000000000000000000000000000000000000000000000000000000000000000000000000000000000000000000000000000000000000000000000000000000000000000000000000000000
205 0000000000000000000000000000000000000000000000000000000000000000000000000000000000000000000000000000000000000000000000000000000000000000000000000000000000000000000000000000000000000000000000000000000000000000000000000000000000000000000000000000000000000000000000000000000000000000000000000000000000000000000000000000000000000000000000000000
206 0000000000000000000000000000000000000000000000000000000000000000000000000000000000000000000000000000000000000000000000000000000000000000000000000000000000000000000000000000000000000000000000000000000000000000000000000000000000000000000000000000000000000000000000000000000000000000000000000000000000000000000000000000000000000000000000000000
207 0000000000000000000000000000000000000000000000000000000000000000000000000000000000000000000000000000000000000000000000000000000000000000000000000000000000000000000000000000000000000000000000000000000000000000000000000000000000000000000000000000000000000000000000000000000000000000000000000000000000000000000000000000000000000000000000000000
208 0000000000000000000000000000000000000000000000000000000000000000000000000000000000000000000000000000000000000000000000000000000000000000000000000000000000000000000000000000000000000000000000000000000000000000000000000000000000000000000000000000000000000000000000000000000000000000000000000000000000000000000000000000000000000000000000000000
209 0000000000000000000000000000000000000000000000000000000000000000000000000000000000000000000000000000000000000000000000000000000000000000000000000000000000000000000000000000000000000000000000000000000000000000000000000000000000000000000000000000000000000000000000000000000000000000000000000000000000000000000000000000000000000000000000000000
210 0000000000000000000000000000000000000000000000000000000000000000000000000000000000000000000000000000000000000000000000000000000000000000000000000000000000000000000000000000000000000000000000000000000000000000000000000000000000000000000000000000000000000000000000000000000000000000000000000000000000000000000000000000000000000000000000000000
211 0000000000000000000000000000000000000000000000000000000000000000000000000000000000000000000000000000000000000000000000000000000000000000000000000000000000000000000000000000000000000000000000000000000000000000000000000000000000000000000000000000000000000000000000000000000000000000000000000000000000000000000000000000000000000000000000000000
212 0000000000000000000000000000000000000000000000000000000000000000000000000000000000000000000000000000000000000000000000000000000000000000000000000000000000000000000000000000000000000000000000000000000000000000000000000000000000000000000000000000000000000000000000000000000000000000000000000000000000000000000000000000000000000000000000000000
213 0000000000000000000000000000000000000000000000000000000000000000000000000000000000000000000000000000000000000000000000000000000000000000000000000000000000000000000000000000000000000000000000000000000000000000000000000000000000000000000000000000000000000000000000000000000000000000000000000000000000000000000000000000000000000000000000000000
214 0000000000000000000000000000000000000000000000000000000000000000000000000000000000000000000000000000000000000000000000000000000000000000000000000000000000000000000000000000000000000000000000000000000000000000000000000000000000000000000000000000000000000000000000000000000000000000000000000000000000000000000000000000000000000000000000000000
215 0000000000000000000000000000000000000000000000000000000000000000000000000000000000000000000000000000000000000000000000000000000000000000000000000000000000000000000000000000000000000000000000000000000000000000000000000000000000000000000000000000000000000000000000000000000000000000000000000000000000000000000000000000000000000000000000000000
216 0000000000000000000000000000000000000000000000000000000000000000000000000000000000000000000000000000000000000000000000000000000000000000000000000000000000000000000000000000000000000000000000000000000000000000000000000000000000000000000000000000000000000000000000000000000000000000000000000000000000000000000000000000000000000000000000000000
217 0000000000000000000000000000000000000000000000000000000000000000000000000000000000000000000000000000000000000000000000000000000000000000000000000000000000000000000000000000000000000000000000000000000000000000000000000000000000000000000000000000000000000000000000000000000000000000000000000000000000000000000000000000000000000000000000000000
218 0000000000000000000000000000000000000000000000000000000000000000000000000000000000000000000000000000000000000000000000000000000000000000000000000000000000000000000000000000000000000000000000000000000000000000000000000000000000000000000000000000000000000000000000000000000000000000000000000000000000000000000000000000000000000000000000000000
219 0000000000000000000000000000000000000000000000000000000000000000000000000000000000000000000000000000000000000000000000000000000000000000000000000000000000000000000000000000000000000000000000000000000000000000000000000000000000000000000000000000000000000000000000000000000000000000000000000000000000000000000000000000000000000000000000000000
220 0000000000000000000000000000000000000000000000000000000000000000000000000000000000000000000000000000000000000000000000000000000000000000000000000000000000000000000000000000000000000000000000000000000000000000000000000000000000000000000000000000000000000000000000000000000000000000000000000000000000000000000000000000000000000000000000000000
221 0000000000000000000000000000000000000000000000000000000000000000000000000000000000000000000000000000000000000000000000000000000000000000000000000000000000000000000000000000000000000000000000000000000000000000000000000000000000000000000000000000000000000000000000000000000000000000000000000000000000000000000000000000000000000000000000000000
222 0000000000000000000000000000000000000000000000000000000000000000000000000000000000000000000000000000000000000000000000000000000000000000000000000000000000000000000000000000000000000000000000000000000000000000000000000000000000000000000000000000000000000000000000000000000000000000000000000000000000000000000000000000000000000000000000000000
223 0000000000000000000000000000000000000000000000000000000000000000000000000000000000000000000000000000000000000000000000000000000000000000000000000000000000000000000000000000000000000000000000000000000000000000000000000000000000000000000000000000000000000000000000000000000000000000000000000000000000000000000000000000000000000000000000000000
224 0000000000000000000000000000000000000000000000000000000000000000000000000000000000000000000000000000000000000000000000000000000000000000000000000000000000000000000000000000000000000000000000000000000000000000000000000000000000000000000000000000000000000000000000000000000000000000000000000000000000000000000000000000000000000000000000000000
225 0000000000000000000000000000000000000000000000000000000000000000000000000000000000000000000000000000000000000000000000000000000000000000000000000000000000000000000000000000000000000000000000000000000000000000000000000000000000000000000000000000000000000000000000000000000000000000000000000000000000000000000000000000000000000000000000000000
226 0000000000000000000000000000000000000000000000000000000000000000000000000000000000000000000000000000000000000000000000000000000000000000000000000000000000000000000000000000000000000000000000000000000000000000000000000000000000000000000000000000000000000000000000000000000000000000000000000000000000000000000000000000000000000000000000000000
227 0000000000000000000000000000000000000000000000000000000000000000000000000000000000000000000000000000000000000000000000000000000000000000000000000000000000000000000000000000000000000000000000000000000000000000000000000000000000000000000000000000000000000000000000000000000000000000000000000000000000000000000000000000000000000000000000000000
228 0000000000000000000000000000000000000000000000000000000000000000000000000000000000000000000000000000000000000000000000000000000000000000000000000000000000000000000000000000000000000000000000000000000000000000000000000000000000000000000000000000000000000000000000000000000000000000000000000000000000000000000000000000000000000000000000000000
229 0000000000000000000000000000000000000000000000000000000000000000000000000000000000000000000000000000000000000000000000000000000000000000000000000000000000000000000000000000000000000000000000000000000000000000000000000000000000000000000000000000000000000000000000000000000000000000000000000000000000000000000000000000000000000000000000000000
230 0000000000000000000000000000000000000000000000000000000000000000000000000000000000000000000000000000000000000000000000000000000000000000000000000000000000000000000000000000000000000000000000000000000000000000000000000000000000000000000000000000000000000000000000000000000000000000000000000000000000000000000000000000000000000000000000000000
231 0000000000000000000000000000000000000000000000000000000000000000000000000000000000000000000000000000000000000000000000000000000000000000000000000000000000000000000000000000000000000000000000000000000000000000000000000000000000000000000000000000000000000000000000000000000000000000000000000000000000000000000000000000000000000000000000000000
232 0000000000000000000000000000000000000000000000000000000000000000000000000000000000000000000000000000000000000000000000000000000000000000000000000000000000000000000000000000000000000000000000000000000000000000000000000000000000000000000000000000000000000000000000000000000000000000000000000000000000000000000000000000000000000000000000000000
233 0000000000000000000000000000000000000000000000000000000000000000000000000000000000000000000000000000000000000000000000000000000000000000000000000000000000000000000000000000000000000000000000000000000000000000000000000000000000000000000000000000000000000000000000000000000000000000000000000000000000000000000000000000000000000000000000000000
234 0000000000000000000000000000000000000000000000000000000000000000000000000000000000000000000000000000000000000000000000000000000000000000000000000000000000000000000000000000000000000000000000000000000000000000000000000000000000000000000000000000000000000000000000000000000000000000000000000000000000000000000000000000000000000000000000000000
235 0000000000000000000000000000000000000000000000000000000000000000000000000000000000000000000000000000000000000000000000000000000000000000000000000000000000000000000000000000000000000000000000000000000000000000000000000000000000000000000000000000000000000000000000000000000000000000000000000000000000000000000000000000000000000000000000000000
236 0000000000000000000000000000000000000000000000000000000000000000000000000000000000000000000000000000000000000000000000000000000000000000000000000000000000000000000000000000000000000000000000000000000000000000000000000000000000000000000000000000000000000000000000000000000000000000000000000000000000000000000000000000000000000000000000000000
237 0000000000000000000000000000000000000000000000000000000000000000000000000000000000000000000000000000000000000000000000000000000000000000000000000000000000000000000000000000000000000000000000000000000000000000000000000000000000000000000000000000000000000000000000000000000000000000000000000000000000000000000000000000000000000000000000000000
238 0000000000000000000000000000000000000000000000000000000000000000000000000000000000000000000000000000000000000000000000000000000000000000000000000000000000000000000000000000000000000000000000000000000000000000000000000000000000000000000000000000000000000000000000000000000000000000000000000000000000000000000000000000000000000000000000000000
239 0000000000000000000000000000000000000000000000000000000000000000000000000000000000000000000000000000000000000000000000000000000000000000000000000000000000000000000000000000000000000000000000000000000000000000000000000000000000000000000000000000000000000000000000000000000000000000000000000000000000000000000000000000000000000000000000000000
240 0000000000000000000000000000000000000000000000000000000000000000000000000000000000000000000000000000000000000000000000000000000000000000000000000000000000000000000000000000000000000000000000000000000000000000000000000000000000000000000000000000000000000000000000000000000000000000000000000000000000000000000000000000000000000000000000000000
241 0000000000000000000000000000000000000000000000000000000000000000000000000000000000000000000000000000000000000000000000000000000000000000000000000000000000000000000000000000000000000000000000000000000000000000000000000000000000000000000000000000000000000000000000000000000000000000000000000000000000000000000000000000000000000000000000000000
242 0000000000000000000000000000000000000000000000000000000000000000000000000000000000000000000000000000000000000000000000000000000000000000000000000000000000000000000000000000000000000000000000000000000000000000000000000000000000000000000000000000000000000000000000000000000000000000000000000000000000000000000000000000000000000000000000000000
243 0000000000000000000000000000000000000000000000000000000000000000000000000000000000000000000000000000000000000000000000000000000000000000000000000000000000000000000000000000000000000000000000000000000000000000000000000000000000000000000000000000000000000000000000000000000000000000000000000000000000000000000000000000000000000000000000000000
244 0000000000000000000000000000000000000000000000000000000000000000000000000000000000000000000000000000000000000000000000000000000000000000000000000000000000000000000000000000000000000000000000000000000000000000000000000000000000000000000000000000000000000000000000000000000000000000000000000000000000000000000000000000000000000000000000000000
245 0000000000000000000000000000000000000000000000000000000000000000000000000000000000000000000000000000000000000000000000000000000000000000000000000000000000000000000000000000000000000000000000000000000000000000000000000000000000000000000000000000000000000000000000000000000000000000000000000000000000000000000000000000000000000000000000000000
246 0000000000000000000000000000000000000000000000000000000000000000000000000000000000000000000000000000000000000000000000000000000000000000000000000000000000000000000000000000000000000000000000000000000000000000000000000000000000000000000000000000000000000000000000000000000000000000000000000000000000000000000000000000000000000000000000000000
247 0000000000000000000000000000000000000000000000000000000000000000000000000000000000000000000000000000000000000000000000000000000000000000000000000000000000000000000000000000000000000000000000000000000000000000000000000000000000000000000000000000000000000000000000000000000000000000000000000000000000000000000000000000000000000000000000000000
248 0000000000000000000000000000000000000000000000000000000000000000000000000000000000000000000000000000000000000000000000000000000000000000000000000000000000000000000000000000000000000000000000000000000000000000000000000000000000000000000000000000000000000000000000000000000000000000000000000000000000000000000000000000000000000000000000000000
249 0000000000000000000000000000000000000000000000000000000000000000000000000000000000000000000000000000000000000000000000000000000000000000000000000000000000000000000000000000000000000000000000000000000000000000000000000000000000000000000000000000000000000000000000000000000000000000000000000000000000000000000000000000000000000000000000000000
250 0000000000000000000000000000000000000000000000000000000000000000000000000000000000000000000000000000000000000000000000000000000000000000000000000000000000000000000000000000000000000000000000000000000000000000000000000000000000000000000000000000000000000000000000000000000000000000000000000000000000000000000000000000000000000000000000000000
251 0000000000000000000000000000000000000000000000000000000000000000000000000000000000000000000000000000000000000000000000000000000000000000000000000000000000000000000000000000000000000000000000000000000000000000000000000000000000000000000000000000000000000000000000000000000000000000000000000000000000000000000000000000000000000000000000000000
252 0000000000000000000000000000000000000000000000000000000000000000000000000000000000000000000000000000000000000000000000000000000000000000000000000000000000000000000000000000000000000000000000000000000000000000000000000000000000000000000000000000000000000000000000000000000000000000000000000000000000000000000000000000000000000000000000000000
253 0000000000000000000000000000000000000000000000000000000000000000000000000000000000000000000000000000000000000000000000000000000000000000000000000000000000000000000000000000000000000000000000000000000000000000000000000000000000000000000000000000000000000000000000000000000000000000000000000000000000000000000000000000000000000000000000000000
254 0000000000000000000000000000000000000000000000000000000000000000000000000000000000000000000000000000000000000000000000000000000000000000000000000000000000000000000000000000000000000000000000000000000000000000000000000000000000000000000000000000000000000000000000000000000000000000000000000000000000000000000000000000000000000000000000000000
255 0000000000000000000000000000000000000000000000000000000000000000000000000000000000000000000000000000000000000000000000000000000000000000000000000000000000000000000000000000000000000000000000000000000000000000000000000000000000000000000000000000000000000000000000000000000000000000000000000000000000000000000000000000000000000000000000000000
256 0000000000000000000000000000000000000000000000000000000000000000000000000000000000000000000000000000000000000000000000000000000000000000000000000000000000000000000000000000000000000000000000000000000000000000000000000000000000000000000000000000000000000000000000000000000000000000000000000000000000000000000000000000000000000000000000000000
257 0000000000000000000000000000000000000000000000000000000000000000000000000000000000000000000000000000000000000000000000000000000000000000000000000000000000000000000000000000000000000000000000000000000000000000000000000000000000000000000000000000000000000000000000000000000000000000000000000000000000000000000000000000000000000000000000000000
258 0000000000000000000000000000000000000000000000000000000000000000000000000000000000000000000000000000000000000000000000000000000000000000000000000000000000000000000000000000000000000000000000000000000000000000000000000000000000000000000000000000000000000000000000000000000000000000000000000000000000000000000000000000000000000000000000000000
259 0000000000000000000000000000000000000000000000000000000000000000000000000000000000000000000000000000000000000000000000000000000000000000000000000000000000000000000000000000000000000000000000000000000000000000000000000000000000000000000000000000000000000000000000000000000000000000000000000000000000000000000000000000000000000000000000000000
260 0000000000000000000000000000000000000000000000000000000000000000000000000000000000000000000000000000000000000000000000000000000000000000000000000000000000000000000000000000000000000000000000000000000000000000000000000000000000000000000000000000000000000000000000000000000000000000000000000000000000000000000000000000000000000000000000000000
261 0000000000000000000000000000000000000000000000000000000000000000000000000000000000000000000000000000000000000000000000000000000000000000000000000000000000000000000000000000000000000000000000000000000000000000000000000000000000000000000000000000000000000000000000000000000000000000000000000000000000000000000000000000000000000000000000000000
262 0000000000000000000000000000000000000000000000000000000000000000000000000000000000000000000000000000000000000000000000000000000000000000000000000000000000000000000000000000000000000000000000000000000000000000000000000000000000000000000000000000000000000000000000000000000000000000000000000000000000000000000000000000000000000000000000000000
263 0000000000000000000000000000000000000000000000000000000000000000000000000000000000000000000000000000000000000000000000000000000000000000000000000000000000000000000000000000000000000000000000000000000000000000000000000000000000000000000000000000000000000000000000000000000000000000000000000000000000000000000000000000000000000000000000000000
264 0000000000000000000000000000000000000000000000000000000000000000000000000000000000000000000000000000000000000000000000000000000000000000000000000000000000000000000000000000000000000000000000000000000000000000000000000000000000000000000000000000000000000000000000000000000000000000000000000000000000000000000000000000000000000000000000000000
265 0000000000000000000000000000000000000000000000000000000000000000000000000000000000000000000000000000000000000000000000000000000000000000000000000000000000000000000000000000000000000000000000000000000000000000000000000000000000000000000000000000000000000000000000000000000000000000000000000000000000000000000000000000000000000000000000000000
266 0000000000000000000000000000000000000000000000000000000000000000000000000000000000000000000000000000000000000000000000000000000000000000000000000000000000000000000000000000000000000000000000000000000000000000000000000000000000000000000000000000000000000000000000000000000000000000000000000000000000000000000000000000000000000000000000000000
267 0000000000000000000000000000000000000000000000000000000000000000000000000000000000000000000000000000000000000000000000000000000000000000000000000000000000000000000000000000000000000000000000000000000000000000000000000000000000000000000000000000000000000000000000000000000000000000000000000000000000000000000000000000000000000000000000000000
268 0000000000000000000000000000000000000000000000000000000000000000000000000000000000000000000000000000000000000000000000000000000000000000000000000000000000000000000000000000000000000000000000000000000000000000000000000000000000000000000000000000000000000000000000000000000000000000000000000000000000000000000000000000000000000000000000000000
269 0000000000000000000000000000000000000000000000000000000000000000000000000000000000000000000000000000000000000000000000000000000000000000000000000000000000000000000000000000000000000000000000000000000000000000000000000000000000000000000000000000000000000000000000000000000000000000000000000000000000000000000000000000000000000000000000000000
270 0000000000000000000000000000000000000000000000000000000000000000000000000000000000000000000000000000000000000000000000000000000000000000000000000000000000000000000000000000000000000000000000000000000000000000000000000000000000000000000000000000000000000000000000000000000000000000000000000000000000000000000000000000000000000000000000000000
271 0000000000000000000000000000000000000000000000000000000000000000000000000000000000000000000000000000000000000000000000000000000000000000000000000000000000000000000000000000000000000000000000000000000000000000000000000000000000000000000000000000000000000000000000000000000000000000000000000000000000000000000000000000000000000000000000000000
272 0000000000000000000000000000000000000000000000000000000000000000000000000000000000000000000000000000000000000000000000000000000000000000000000000000000000000000000000000000000000000000000000000000000000000000000000000000000000000000000000000000000000000000000000000000000000000000000000000000000000000000000000000000000000000000000000000000
273 0000000000000000000000000000000000000000000000000000000000000000000000000000000000000000000000000000000000000000000000000000000000000000000000000000000000000000000000000000000000000000000000000000000000000000000000000000000000000000000000000000000000000000000000000000000000000000000000000000000000000000000000000000000000000000000000000000
274 0000000000000000000000000000000000000000000000000000000000000000000000000000000000000000000000000000000000000000000000000000000000000000000000000000000000000000000000000000000000000000000000000000000000000000000000000000000000000000000000000000000000000000000000000000000000000000000000000000000000000000000000000000000000000000000000000000
275 0000000000000000000000000000000000000000000000000000000000000000000000000000000000000000000000000000000000000000000000000000000000000000000000000000000000000000000000000000000000000000000000000000000000000000000000000000000000000000000000000000000000000000000000000000000000000000000000000000000000000000000000000000000000000000000000000000
276 0000000000000000000000000000000000000000000000000000000000000000000000000000000000000000000000000000000000000000000000000000000000000000000000000000000000000000000000000000000000000000000000000000000000000000000000000000000000000000000000000000000000000000000000000000000000000000000000000000000000000000000000000000000000000000000000000000
277 0000000000000000000000000000000000000000000000000000000000000000000000000000000000000000000000000000000000000000000000000000000000000000000000000000000000000000000000000000000000000000000000000000000000000000000000000000000000000000000000000000000000000000000000000000000000000000000000000000000000000000000000000000000000000000000000000000
278 0000000000000000000000000000000000000000000000000000000000000000000000000000000000000000000000000000000000000000000000000000000000000000000000000000000000000000000000000000000000000000000000000000000000000000000000000000000000000000000000000000000000000000000000000000000000000000000000000000000000000000000000000000000000000000000000000000
279 0000000000000000000000000000000000000000000000000000000000000000000000000000000000000000000000000000000000000000000000000000000000000000000000000000000000000000000000000000000000000000000000000000000000000000000000000000000000000000000000000000000000000000000000000000000000000000000000000000000000000000000000000000000000000000000000000000
280 0000000000000000000000000000000000000000000000000000000000000000000000000000000000000000000000000000000000000000000000000000000000000000000000000000000000000000000000000000000000000000000000000000000000000000000000000000000000000000000000000000000000000000000000000000000000000000000000000000000000000000000000000000000000000000000000000000
281 0000000000000000000000000000000000000000000000000000000000000000000000000000000000000000000000000000000000000000000000000000000000000000000000000000000000000000000000000000000000000000000000000000000000000000000000000000000000000000000000000000000000000000000000000000000000000000000000000000000000000000000000000000000000000000000000000000
282 0000000000000000000000000000000000000000000000000000000000000000000000000000000000000000000000000000000000000000000000000000000000000000000000000000000000000000000000000000000000000000000000000000000000000000000000000000000000000000000000000000000000000000000000000000000000000000000000000000000000000000000000000000000000000000000000000000
283 0000000000000000000000000000000000000000000000000000000000000000000000000000000000000000000000000000000000000000000000000000000000000000000000000000000000000000000000000000000000000000000000000000000000000000000000000000000000000000000000000000000000000000000000000000000000000000000000000000000000000000000000000000000000000000000000000000
284 0000000000000000000000000000000000000000000000000000000000000000000000000000000000000000000000000000000000000000000000000000000000000000000000000000000000000000000000000000000000000000000000000000000000000000000000000000000000000000000000000000000000000000000000000000000000000000000000000000000000000000000000000000000000000000000000000000
285 0000000000000000000000000000000000000000000000000000000000000000000000000000000000000000000000000000000000000000000000000000000000000000000000000000000000000000000000000000000000000000000000000000000000000000000000000000000000000000000000000000000000000000000000000000000000000000000000000000000000000000000000000000000000000000000000000000
286 0000000000000000000000000000000000000000000000000000000000000000000000000000000000000000000000000000000000000000000000000000000000000000000000000000000000000000000000000000000000000000000000000000000000000000000000000000000000000000000000000000000000000000000000000000000000000000000000000000000000000000000000000000000000000000000000000000
287 0000000000000000000000000000000000000000000000000000000000000000000000000000000000000000000000000000000000000000000000000000000000000000000000000000000000000000000000000000000000000000000000000000000000000000000000000000000000000000000000000000000000000000000000000000000000000000000000000000000000000000000000000000000000000000000000000000
288 0000000000000000000000000000000000000000000000000000000000000000000000000000000000000000000000000000000000000000000000000000000000000000000000000000000000000000000000000000000000000000000000000000000000000000000000000000000000000000000000000000000000000000000000000000000000000000000000000000000000000000000000000000000000000000000000000000
289 0000000000000000000000000000000000000000000000000000000000000000000000000000000000000000000000000000000000000000000000000000000000000000000000000000000000000000000000000000000000000000000000000000000000000000000000000000000000000000000000000000000000000000000000000000000000000000000000000000000000000000000000000000000000000000000000000000
290 0000000000000000000000000000000000000000000000000000000000000000000000000000000000000000000000000000000000000000000000000000000000000000000000000000000000000000000000000000000000000000000000000000000000000000000000000000000000000000000000000000000000000000000000000000000000000000000000000000000000000000000000000000000000000000000000000000
291 0000000000000000000000000000000000000000000000000000000000000000000000000000000000000000000000000000000000000000000000000000000000000000000000000000000000000000000000000000000000000000000000000000000000000000000000000000000000000000000000000000000000000000000000000000000000000000000000000000000000000000000000000000000000000000000000000000
292 0000000000000000000000000000000000000000000000000000000000000000000000000000000000000000000000000000000000000000000000000000000000000000000000000000000000000000000000000000000000000000000000000000000000000000000000000000000000000000000000000000000000000000000000000000000000000000000000000000000000000000000000000000000000000000000000000000
293 0000000000000000000000000000000000000000000000000000000000000000000000000000000000000000000000000000000000000000000000000000000000000000000000000000000000000000000000000000000000000000000000000000000000000000000000000000000000000000000000000000000000000000000000000000000000000000000000000000000000000000000000000000000000000000000000000000
294 0000000000000000000000000000000000000000000000000000000000000000000000000000000000000000000000000000000000000000000000000000000000000000000000000000000000000000000000000000000000000000000000000000000000000000000000000000000000000000000000000000000000000000000000000000000000000000000000000000000000000000000000000000000000000000000000000000
295 0000000000000000000000000000000000000000000000000000000000000000000000000000000000000000000000000000000000000000000000000000000000000000000000000000000000000000000000000000000000000000000000000000000000000000000000000000000000000000000000000000000000000000000000000000000000000000000000000000000000000000000000000000000000000000000000000000
296 0000000000000000000000000000000000000000000000000000000000000000000000000000000000000000000000000000000000000000000000000000000000000000000000000000000000000000000000000000000000000000000000000000000000000000000000000000000000000000000000000000000000000000000000000000000000000000000000000000000000000000000000000000000000000000000000000000
297 0000000000000000000000000000000000000000000000000000000000000000000000000000000000000000000000000000000000000000000000000000000000000000000000000000000000000000000000000000000000000000000000000000000000000000000000000000000000000000000000000000000000000000000000000000000000000000000000000000000000000000000000000000000000000000000000000000
298 0000000000000000000000000000000000000000000000000000000000000000000000000000000000000000000000000000000000000000000000000000000000000000000000000000000000000000000000000000000000000000000000000000000000000000000000000000000000000000000000000000000000000000000000000000000000000000000000000000000000000000000000000000000000000000000000000000
299 0000000000000000000000000000000000000000000000000000000000000000000000000000000000000000000000000000000000000000000000000000000000000000000000000000000000000000000000000000000000000000000000000000000000000000000000000000000000000000000000000000000000000000000000000000000000000000000000000000000000000000000000000000000000000000000000000000
300 0000000000000000000000000000000000000000000000000000000000000000000000000000000000000000000000000000000000000000000000000000000000000000000000000000000000000000000000000000000000000000000000000000000000000000000000000000000000000000000000000000000000000000000000000000000000000000000000000000000000000000000000000000000000000000000000000000
301 0000000000000000000000000000000000000000000000000000000000000000000000000000000000000000000000000000000000000000000000000000000000000000000000000000000000000000000000000000000000000000000000000000000000000000000000000000000000000000000000000000000000000000000000000000000000000000000000000000000000000000000000000000000000000000000000000000
302 0000000000000000000000000000000000000000000000000000000000000000000000000000000000000000000000000000000000000000000000000000000000000000000000000000000000000000000000000000000000000000000000000000000000000000000000000000000000000000000000000000000000000000000000000000000000000000000000000000000000000000000000000000000000000000000000000000
303 0000000000000000000000000000000000000000000000000000000000000000000000000000000000000000000000000000000000000000000000000000000000000000000000000000000000000000000000000000000000000000000000000000000000000000000000000000000000000000000000000000000000000000000000000000000000000000000000000000000000000000000000000000000000000000000000000000
304 0000000000000000000000000000000000000000000000000000000000000000000000000000000000000000000000000000000000000000000000000000000000000000000000000000000000000000000000000000000000000000000000000000000000000000000000000000000000000000000000000000000000000000000000000000000000000000000000000000000000000000000000000000000000000000000000000000
305 0000000000000000000000000000000000000000000000000000000000000000000000000000000000000000000000000000000000000000000000000000000000000000000000000000000000000000000000000000000000000000000000000000000000000000000000000000000000000000000000000000000000000000000000000000000000000000000000000000000000000000000000000000000000000000000000000000
306 0000000000000000000000000000000000000000000000000000000000000000000000000000000000000000000000000000000000000000000000000000000000000000000000000000000000000000000000000000000000000000000000000000000000000000000000000000000000000000000000000000000000000000000000000000000000000000000000000000000000000000000000000000000000000000000000000000
307 0000000000000000000000000000000000000000000000000000000000000000000000000000000000000000000000000000000000000000000000000000000000000000000000000000000000000000000000000000000000000000000000000000000000000000000000000000000000000000000000000000000000000000000000000000000000000000000000000000000000000000000000000000000000000000000000000000
308 0000000000000000000000000000000000000000000000000000000000000000000000000000000000000000000000000000000000000000000000000000000000000000000000000000000000000000000000000000000000000000000000000000000000000000000000000000000000000000000000000000000000000000000000000000000000000000000000000000000000000000000000000000000000000000000000000000
309 0000000000000000000000000000000000000000000000000000000000000000000000000000000000000000000000000000000000000000000000000000000000000000000000000000000000000000000000000000000000000000000000000000000000000000000000000000000000000000000000000000000000000000000000000000000000000000000000000000000000000000000000000000000000000000000000000000
310 0000000000000000000000000000000000000000000000000000000000000000000000000000000000000000000000000000000000000000000000000000000000000000000000000000000000000000000000000000000000000000000000000000000000000000000000000000000000000000000000000000000000000000000000000000000000000000000000000000000000000000000000000000000000000000000000000000
311 0000000000000000000000000000000000000000000000000000000000000000000000000000000000000000000000000000000000000000000000000000000000000000000000000000000000000000000000000000000000000000000000000000000000000000000000000000000000000000000000000000000000000000000000000000000000000000000000000000000000000000000000000000000000000000000000000000
312 0000000000000000000000000000000000000000000000000000000000000000000000000000000000000000000000000000000000000000000000000000000000000000000000000000000000000000000000000000000000000000000000000000000000000000000000000000000000000000000000000000000000000000000000000000000000000000000000000000000000000000000000000000000000000000000000000000
313 0000000000000000000000000000000000000000000000000000000000000000000000000000000000000000000000000000000000000000000000000000000000000000000000000000000000000000000000000000000000000000000000000000000000000000000000000000000000000000000000000000000000000000000000000000000000000000000000000000000000000000000000000000000000000000000000000000
314 0000000000000000000000000000000000000000000000000000000000000000000000000000000000000000000000000000000000000000000000000000000000000000000000000000000000000000000000000000000000000000000000000000000000000000000000000000000000000000000000000000000000000000000000000000000000000000000000000000000000000000000000000000000000000000000000000000
315 0000000000000000000000000000000000000000000000000000000000000000000000000000000000000000000000000000000000000000000000000000000000000000000000000000000000000000000000000000000000000000000000000000000000000000000000000000000000000000000000000000000000000000000000000000000000000000000000000000000000000000000000000000000000000000000000000000
316 0000000000000000000000000000000000000000000000000000000000000000000000000000000000000000000000000000000000000000000000000000000000000000000000000000000000000000000000000000000000000000000000000000000000000000000000000000000000000000000000000000000000000000000000000000000000000000000000000000000000000000000000000000000000000000000000000000
317 0000000000000000000000000000000000000000000000000000000000000000000000000000000000000000000000000000000000000000000000000000000000000000000000000000000000000000000000000000000000000000000000000000000000000000000000000000000000000000000000000000000000000000000000000000000000000000000000000000000000000000000000000000000000000000000000000000
318 0000000000000000000000000000000000000000000000000000000000000000000000000000000000000000000000000000000000000000000000000000000000000000000000000000000000000000000000000000000000000000000000000000000000000000000000000000000000000000000000000000000000000000000000000000000000000000000000000000000000000000000000000000000000000000000000000000
319 0000000000000000000000000000000000000000000000000000000000000000000000000000000000000000000000000000000000000000000000000000000000000000000000000000000000000000000000000000000000000000000000000000000000000000000000000000000000000000000000000000000000000000000000000000000000000000000000000000000000000000000000000000000000000000000000000000
320 0000000000000000000000000000000000000000000000000000000000000000000000000000000000000000000000000000000000000000000000000000000000000000000000000000000000000000000000000000000000000000000000000000000000000000000000000000000000000000000000000000000000000000000000000000000000000000000000000000000000000000000000000000000000000000000000000000
321 0000000000000000000000000000000000000000000000000000000000000000000000000000000000000000000000000000000000000000000000000000000000000000000000000000000000000000000000000000000000000000000000000000000000000000000000000000000000000000000000000000000000000000000000000000000000000000000000000000000000000000000000000000000000000000000000000000
322 0000000000000000000000000000000000000000000000000000000000000000000000000000000000000000000000000000000000000000000000000000000000000000000000000000000000000000000000000000000000000000000000000000000000000000000000000000000000000000000000000000000000000000000000000000000000000000000000000000000000000000000000000000000000000000000000000000
323 0000000000000000000000000000000000000000000000000000000000000000000000000000000000000000000000000000000000000000000000000000000000000000000000000000000000000000000000000000000000000000000000000000000000000000000000000000000000000000000000000000000000000000000000000000000000000000000000000000000000000000000000000000000000000000000000000000
324 0000000000000000000000000000000000000000000000000000000000000000000000000000000000000000000000000000000000000000000000000000000000000000000000000000000000000000000000000000000000000000000000000000000000000000000000000000000000000000000000000000000000000000000000000000000000000000000000000000000000000000000000000000000000000000000000000000
325 0000000000000000000000000000000000000000000000000000000000000000000000000000000000000000000000000000000000000000000000000000000000000000000000000000000000000000000000000000000000000000000000000000000000000000000000000000000000000000000000000000000000000000000000000000000000000000000000000000000000000000000000000000000000000000000000000000
326 0000000000000000000000000000000000000000000000000000000000000000000000000000000000000000000000000000000000000000000000000000000000000000000000000000000000000000000000000000000000000000000000000000000000000000000000000000000000000000000000000000000000000000000000000000000000000000000000000000000000000000000000000000000000000000000000000000
327 0000000000000000000000000000000000000000000000000000000000000000000000000000000000000000000000000000000000000000000000000000000000000000000000000000000000000000000000000000000000000000000000000000000000000000000000000000000000000000000000000000000000000000000000000000000000000000000000000000000000000000000000000000000000000000000000000000
328 0000000000000000000000000000000000000000000000000000000000000000000000000000000000000000000000000000000000000000000000000000000000000000000000000000000000000000000000000000000000000000000000000000000000000000000000000000000000000000000000000000000000000000000000000000000000000000000000000000000000000000000000000000000000000000000000000000
329 0000000000000000000000000000000000000000000000000000000000000000000000000000000000000000000000000000000000000000000000000000000000000000000000000000000000000000000000000000000000000000000000000000000000000000000000000000000000000000000000000000000000000000000000000000000000000000000000000000000000000000000000000000000000000000000000000000
330 0000000000000000000000000000000000000000000000000000000000000000000000000000000000000000000000000000000000000000000000000000000000000000000000000000000000000000000000000000000000000000000000000000000000000000000000000000000000000000000000000000000000000000000000000000000000000000000000000000000000000000000000000000000000000000000000000000
331 0000000000000000000000000000000000000000000000000000000000000000000000000000000000000000000000000000000000000000000000000000000000000000000000000000000000000000000000000000000000000000000000000000000000000000000000000000000000000000000000000000000000000000000000000000000000000000000000000000000000000000000000000000000000000000000000000000
332 0000000000000000000000000000000000000000000000000000000000000000000000000000000000000000000000000000000000000000000000000000000000000000000000000000000000000000000000000000000000000000000000000000000000000000000000000000000000000000000000000000000000000000000000000000000000000000000000000000000000000000000000000000000000000000000000000000
333 0000000000000000000000000000000000000000000000000000000000000000000000000000000000000000000000000000000000000000000000000000000000000000000000000000000000000000000000000000000000000000000000000000000000000000000000000000000000000000000000000000000000000000000000000000000000000000000000000000000000000000000000000000000000000000000000000000
334 0000000000000000000000000000000000000000000000000000000000000000000000000000000000000000000000000000000000000000000000000000000000000000000000000000000000000000000000000000000000000000000000000000000000000000000000000000000000000000000000000000000000000000000000000000000000000000000000000000000000000000000000000000000000000000000000000000
335 0000000000000000000000000000000000000000000000000000000000000000000000000000000000000000000000000000000000000000000000000000000000000000000000000000000000000000000000000000000000000000000000000000000000000000000000000000000000000000000000000000000000000000000000000000000000000000000000000000000000000000000000000000000000000000000000000000
336 0000000000000000000000000000000000000000000000000000000000000000000000000000000000000000000000000000000000000000000000000000000000000000000000000000000000000000000000000000000000000000000000000000000000000000000000000000000000000000000000000000000000000000000000000000000000000000000000000000000000000000000000000000000000000000000000000000
337 0000000000000000000000000000000000000000000000000000000000000000000000000000000000000000000000000000000000000000000000000000000000000000000000000000000000000000000000000000000000000000000000000000000000000000000000000000000000000000000000000000000000000000000000000000000000000000000000000000000000000000000000000000000000000000000000000000
338 0000000000000000000000000000000000000000000000000000000000000000000000000000000000000000000000000000000000000000000000000000000000000000000000000000000000000000000000000000000000000000000000000000000000000000000000000000000000000000000000000000000000000000000000000000000000000000000000000000000000000000000000000000000000000000000000000000
339 0000000000000000000000000000000000000000000000000000000000000000000000000000000000000000000000000000000000000000000000000000000000000000000000000000000000000000000000000000000000000000000000000000000000000000000000000000000000000000000000000000000000000000000000000000000000000000000000000000000000000000000000000000000000000000000000000000
340 0000000000000000000000000000000000000000000000000000000000000000000000000000000000000000000000000000000000000000000000000000000000000000000000000000000000000000000000000000000000000000000000000000000000000000000000000000000000000000000000000000000000000000000000000000000000000000000000000000000000000000000000000000000000000000000000000000
341 0000000000000000000000000000000000000000000000000000000000000000000000000000000000000000000000000000000000000000000000000000000000000000000000000000000000000000000000000000000000000000000000000000000000000000000000000000000000000000000000000000000000000000000000000000000000000000000000000000000000000000000000000000000000000000000000000000
342 0000000000000000000000000000000000000000000000000000000000000000000000000000000000000000000000000000000000000000000000000000000000000000000000000000000000000000000000000000000000000000000000000000000000000000000000000000000000000000000000000000000000000000000000000000000000000000000000000000000000000000000000000000000000000000000000000000
343 0000000000000000000000000000000000000000000000000000000000000000000000000000000000000000000000000000000000000000000000000000000000000000000000000000000000000000000000000000000000000000000000000000000000000000000000000000000000000000000000000000000000000000000000000000000000000000000000000000000000000000000000000000000000000000000000000000
344 0000000000000000000000000000000000000000000000000000000000000000000000000000000000000000000000000000000000000000000000000000000000000000000000000000000000000000000000000000000000000000000000000000000000000000000000000000000000000000000000000000000000000000000000000000000000000000000000000000000000000000000000000000000000000000000000000000
345 0000000000000000000000000000000000000000000000000000000000000000000000000000000000000000000000000000000000000000000000000000000000000000000000000000000000000000000000000000000000000000000000000000000000000000000000000000000000000000000000000000000000000000000000000000000000000000000000000000000000000000000000000000000000000000000000000000
346 0000000000000000000000000000000000000000000000000000000000000000000000000000000000000000000000000000000000000000000000000000000000000000000000000000000000000000000000000000000000000000000000000000000000000000000000000000000000000000000000000000000000000000000000000000000000000000000000000000000000000000000000000000000000000000000000000000
347 0000000000000000000000000000000000000000000000000000000000000000000000000000000000000000000000000000000000000000000000000000000000000000000000000000000000000000000000000000000000000000000000000000000000000000000000000000000000000000000000000000000000000000000000000000000000000000000000000000000000000000000000000000000000000000000000000000
348 0000000000000000000000000000000000000000000000000000000000000000000000000000000000000000000000000000000000000000000000000000000000000000000000000000000000000000000000000000000000000000000000000000000000000000000000000000000000000000000000000000000000000000000000000000000000000000000000000000000000000000000000000000000000000000000000000000
349 0000000000000000000000000000000000000000000000000000000000000000000000000000000000000000000000000000000000000000000000000000000000000000000000000000000000000000000000000000000000000000000000000000000000000000000000000000000000000000000000000000000000000000000000000000000000000000000000000000000000000000000000000000000000000000000000000000
350 0000000000000000000000000000000000000000000000000000000000000000000000000000000000000000000000000000000000000000000000000000000000000000000000000000000000000000000000000000000000000000000000000000000000000000000000000000000000000000000000000000000000000000000000000000000000000000000000000000000000000000000000000000000000000000000000000000
351 0000000000000000000000000000000000000000000000000000000000000000000000000000000000000000000000000000000000000000000000000000000000000000000000000000000000000000000000000000000000000000000000000000000000000000000000000000000000000000000000000000000000000000000000000000000000000000000000000000000000000000000000000000000000000000000000000000
352 0000000000000000000000000000000000000000000000000000000000000000000000000000000000000000000000000000000000000000000000000000000000000000000000000000000000000000000000000000000000000000000000000000000000000000000000000000000000000000000000000000000000000000000000000000000000000000000000000000000000000000000000000000000000000000000000000000
353 0000000000000000000000000000000000000000000000000000000000000000000000000000000000000000000000000000000000000000000000000000000000000000000000000000000000000000000000000000000000000000000000000000000000000000000000000000000000000000000000000000000000000000000000000000000000000000000000000000000000000000000000000000000000000000000000000000
354 0000000000000000000000000000000000000000000000000000000000000000000000000000000000000000000000000000000000000000000000000000000000000000000000000000000000000000000000000000000000000000000000000000000000000000000000000000000000000000000000000000000000000000000000000000000000000000000000000000000000000000000000000000000000000000000000000000
355 0000000000000000000000000000000000000000000000000000000000000000000000000000000000000000000000000000000000000000000000000000000000000000000000000000000000000000000000000000000000000000000000000000000000000000000000000000000000000000000000000000000000000000000000000000000000000000000000000000000000000000000000000000000000000000000000000000
356 0000000000000000000000000000000000000000000000000000000000000000000000000000000000000000000000000000000000000000000000000000000000000000000000000000000000000000000000000000000000000000000000000000000000000000000000000000000000000000000000000000000000000000000000000000000000000000000000000000000000000000000000000000000000000000000000000000
357 0000000000000000000000000000000000000000000000000000000000000000000000000000000000000000000000000000000000000000000000000000000000000000000000000000000000000000000000000000000000000000000000000000000000000000000000000000000000000000000000000000000000000000000000000000000000000000000000000000000000000000000000000000000000000000000000000000
358 0000000000000000000000000000000000000000000000000000000000000000000000000000000000000000000000000000000000000000000000000000000000000000000000000000000000000000000000000000000000000000000000000000000000000000000000000000000000000000000000000000000000000000000000000000000000000000000000000000000000000000000000000000000000000000000000000000
359 0000000000000000000000000000000000000000000000000000000000000000000000000000000000000000000000000000000000000000000000000000000000000000000000000000000000000000000000000000000000000000000000000000000000000000000000000000000000000000000000000000000000000000000000000000000000000000000000000000000000000000000000000000000000000000000000000000
360 0000000000000000000000000000000000000000000000000000000000000000000000000000000000000000000000000000000000000000000000000000000000000000000000000000000000000000000000000000000000000000000000000000000000000000000000000000000000000000000000000000000000000000000000000000000000000000000000000000000000000000000000000000000000000000000000000000
361 0000000000000000000000000000000000000000000000000000000000000000000000000000000000000000000000000000000000000000000000000000000000000000000000000000000000000000000000000000000000000000000000000000000000000000000000000000000000000000000000000000000000000000000000000000000000000000000000000000000000000000000000000000000000000000000000000000
362 0000000000000000000000000000000000000000000000000000000000000000000000000000000000000000000000000000000000000000000000000000000000000000000000000000000000000000000000000000000000000000000000000000000000000000000000000000000000000000000000000000000000000000000000000000000000000000000000000000000000000000000000000000000000000000000000000000
363 0000000000000000000000000000000000000000000000000000000000000000000000000000000000000000000000000000000000000000000000000000000000000000000000000000000000000000000000000000000000000000000000000000000000000000000000000000000000000000000000000000000000000000000000000000000000000000000000000000000000000000000000000000000000000000000000000000
364 0000000000000000000000000000000000000000000000000000000000000000000000000000000000000000000000000000000000000000000000000000000000000000000000000000000000000000000000000000000000000000000000000000000000000000000000000000000000000000000000000000000000000000000000000000000000000000000000000000000000000000000000000000000000000000000000000000
365 0000000000000000000000000000000000000000000000000000000000000000000000000000000000000000000000000000000000000000000000000000000000000000000000000000000000000000000000000000000000000000000000000000000000000000000000000000000000000000000000000000000000000000000000000000000000000000000000000000000000000000000000000000000000000000000000000000
366 0000000000000000000000000000000000000000000000000000000000000000000000000000000000000000000000000000000000000000000000000000000000000000000000000000000000000000000000000000000000000000000000000000000000000000000000000000000000000000000000000000000000000000000000000000000000000000000000000000000000000000000000000000000000000000000000000000
367 0000000000000000000000000000000000000000000000000000000000000000000000000000000000000000000000000000000000000000000000000000000000000000000000000000000000000000000000000000000000000000000000000000000000000000000000000000000000000000000000000000000000000000000000000000000000000000000000000000000000000000000000000000000000000000000000000000
368 0000000000000000000000000000000000000000000000000000000000000000000000000000000000000000000000000000000000000000000000000000000000000000000000000000000000000000000000000000000000000000000000000000000000000000000000000000000000000000000000000000000000000000000000000000000000000000000000000000000000000000000000000000000000000000000000000000
369 0000000000000000000000000000000000000000000000000000000000000000000000000000000000000000000000000000000000000000000000000000000000000000000000000000000000000000000000000000000000000000000000000000000000000000000000000000000000000000000000000000000000000000000000000000000000000000000000000000000000000000000000000000000000000000000000000000
370 0000000000000000000000000000000000000000000000000000000000000000000000000000000000000000000000000000000000000000000000000000000000000000000000000000000000000000000000000000000000000000000000000000000000000000000000000000000000000000000000000000000000000000000000000000000000000000000000000000000000000000000000000000000000000000000000000000
371 0000000000000000000000000000000000000000000000000000000000000000000000000000000000000000000000000000000000000000000000000000000000000000000000000000000000000000000000000000000000000000000000000000000000000000000000000000000000000000000000000000000000000000000000000000000000000000000000000000000000000000000000000000000000000000000000000000
372 0000000000000000000000000000000000000000000000000000000000000000000000000000000000000000000000000000000000000000000000000000000000000000000000000000000000000000000000000000000000000000000000000000000000000000000000000000000000000000000000000000000000000000000000000000000000000000000000000000000000000000000000000000000000000000000000000000
373 0000000000000000000000000000000000000000000000000000000000000000000000000000000000000000000000000000000000000000000000000000000000000000000000000000000000000000000000000000000000000000000000000000000000000000000000000000000000000000000000000000000000000000000000000000000000000000000000000000000000000000000000000000000000000000000000000000
374 0000000000000000000000000000000000000000000000000000000000000000000000000000000000000000000000000000000000000000000000000000000000000000000000000000000000000000000000000000000000000000000000000000000000000000000000000000000000000000000000000000000000000000000000000000000000000000000000000000000000000000000000000000000000000000000000000000
375 0000000000000000000000000000000000000000000000000000000000000000000000000000000000000000000000000000000000000000000000000000000000000000000000000000000000000000000000000000000000000000000000000000000000000000000000000000000000000000000000000000000000000000000000000000000000000000000000000000000000000000000000000000000000000000000000000000
376 0000000000000000000000000000000000000000000000000000000000000000000000000000000000000000000000000000000000000000000000000000000000000000000000000000000000000000000000000000000000000000000000000000000000000000000000000000000000000000000000000000000000000000000000000000000000000000000000000000000000000000000000000000000000000000000000000000
377 0000000000000000000000000000000000000000000000000000000000000000000000000000000000000000000000000000000000000000000000000000000000000000000000000000000000000000000000000000000000000000000000000000000000000000000000000000000000000000000000000000000000000000000000000000000000000000000000000000000000000000000000000000000000000000000000000000
378 0000000000000000000000000000000000000000000000000000000000000000000000000000000000000000000000000000000000000000000000000000000000000000000000000000000000000000000000000000000000000000000000000000000000000000000000000000000000000000000000000000000000000000000000000000000000000000000000000000000000000000000000000000000000000000000000000000
379 0000000000000000000000000000000000000000000000000000000000000000000000000000000000000000000000000000000000000000000000000000000000000000000000000000000000000000000000000000000000000000000000000000000000000000000000000000000000000000000000000000000000000000000000000000000000000000000000000000000000000000000000000000000000000000000000000000
380 0000000000000000000000000000000000000000000000000000000000000000000000000000000000000000000000000000000000000000000000000000000000000000000000000000000000000000000000000000000000000000000000000000000000000000000000000000000000000000000000000000000000000000000000000000000000000000000000000000000000000000000000000000000000000000000000000000
381 0000000000000000000000000000000000000000000000000000000000000000000000000000000000000000000000000000000000000000000000000000000000000000000000000000000000000000000000000000000000000000000000000000000000000000000000000000000000000000000000000000000000000000000000000000000000000000000000000000000000000000000000000000000000000000000000000000
382 0000000000000000000000000000000000000000000000000000000000000000000000000000000000000000000000000000000000000000000000000000000000000000000000000000000000000000000000000000000000000000000000000000000000000000000000000000000000000000000000000000000000000000000000000000000000000000000000000000000000000000000000000000000000000000000000000000
383 0000000000000000000000000000000000000000000000000000000000000000000000000000000000000000000000000000000000000000000000000000000000000000000000000000000000000000000000000000000000000000000000000000000000000000000000000000000000000000000000000000000000000000000000000000000000000000000000000000000000000000000000000000000000000000000000000000
384 0000000000000000000000000000000000000000000000000000000000000000000000000000000000000000000000000000000000000000000000000000000000000000000000000000000000000000000000000000000000000000000000000000000000000000000000000000000000000000000000000000000000000000000000000000000000000000000000000000000000000000000000000000000000000000000000000000
385 0000000000000000000000000000000000000000000000000000000000000000000000000000000000000000000000000000000000000000000000000000000000000000000000000000000000000000000000000000000000000000000000000000000000000000000000000000000000000000000000000000000000000000000000000000000000000000000000000000000000000000000000000000000000000000000000000000
386 0000000000000000000000000000000000000000000000000000000000000000000000000000000000000000000000000000000000000000000000000000000000000000000000000000000000000000000000000000000000000000000000000000000000000000000000000000000000000000000000000000000000000000000000000000000000000000000000000000000000000000000000000000000000000000000000000000
387 0000000000000000000000000000000000000000000000000000000000000000000000000000000000000000000000000000000000000000000000000000000000000000000000000000000000000000000000000000000000000000000000000000000000000000000000000000000000000000000000000000000000000000000000000000000000000000000000000000000000000000000000000000000000000000000000000000
388 0000000000000000000000000000000000000000000000000000000000000000000000000000000000000000000000000000000000000000000000000000000000000000000000000000000000000000000000000000000000000000000000000000000000000000000000000000000000000000000000000000000000000000000000000000000000000000000000000000000000000000000000000000000000000000000000000000
389 0000000000000000000000000000000000000000000000000000000000000000000000000000000000000000000000000000000000000000000000000000000000000000000000000000000000000000000000000000000000000000000000000000000000000000000000000000000000000000000000000000000000000000000000000000000000000000000000000000000000000000000000000000000000000000000000000000
390 0000000000000000000000000000000000000000000000000000000000000000000000000000000000000000000000000000000000000000000000000000000000000000000000000000000000000000000000000000000000000000000000000000000000000000000000000000000000000000000000000000000000000000000000000000000000000000000000000000000000000000000000000000000000000000000000000000
391 0000000000000000000000000000000000000000000000000000000000000000000000000000000000000000000000000000000000000000000000000000000000000000000000000000000000000000000000000000000000000000000000000000000000000000000000000000000000000000000000000000000000000000000000000000000000000000000000000000000000000000000000000000000000000000000000000000
392 0000000000000000000000000000000000000000000000000000000000000000000000000000000000000000000000000000000000000000000000000000000000000000000000000000000000000000000000000000000000000000000000000000000000000000000000000000000000000000000000000000000000000000000000000000000000000000000000000000000000000000000000000000000000000000000000000000
393 0000000000000000000000000000000000000000000000000000000000000000000000000000000000000000000000000000000000000000000000000000000000000000000000000000000000000000000000000000000000000000000000000000000000000000000000000000000000000000000000000000000000000000000000000000000000000000000000000000000000000000000000000000000000000000000000000000
394 0000000000000000000000000000000000000000000000000000000000000000000000000000000000000000000000000000000000000000000000000000000000000000000000000000000000000000000000000000000000000000000000000000000000000000000000000000000000000000000000000000000000000000000000000000000000000000000000000000000000000000000000000000000000000000000000000000
395 0000000000000000000000000000000000000000000000000000000000000000000000000000000000000000000000000000000000000000000000000000000000000000000000000000000000000000000000000000000000000000000000000000000000000000000000000000000000000000000000000000000000000000000000000000000000000000000000000000000000000000000000000000000000000000000000000000
396 0000000000000000000000000000000000000000000000000000000000000000000000000000000000000000000000000000000000000000000000000000000000000000000000000000000000000000000000000000000000000000000000000000000000000000000000000000000000000000000000000000000000000000000000000000000000000000000000000000000000000000000000000000000000000000000000000000
397 0000000000000000000000000000000000000000000000000000000000000000000000000000000000000000000000000000000000000000000000000000000000000000000000000000000000000000000000000000000000000000000000000000000000000000000000000000000000000000000000000000000000000000000000000000000000000000000000000000000000000000000000000000000000000000000000000000
398 0000000000000000000000000000000000000000000000000000000000000000000000000000000000000000000000000000000000000000000000000000000000000000000000000000000000000000000000000000000000000000000000000000000000000000000000000000000000000000000000000000000000000000000000000000000000000000000000000000000000000000000000000000000000000000000000000000
399 0000000000000000000000000000000000000000000000000000000000000000000000000000000000000000000000000000000000000000000000000000000000000000000000000000000000000000000000000000000000000000000000000000000000000000000000000000000000000000000000000000000000000000000000000000000000000000000000000000000000000000000000000000000000000000000000000000
400 0000000000000000000000000000000000000000000000000000000000000000000000000000000000000000000000000000000000000000000000000000000000000000000000000000000000000000000000000000000000000000000000000000000000000000000000000000000000000000000000000000000000000000000000000000000000000000000000000000000000000000000000000000000000000000000000000000
401 0000000000000000000000000000000000000000000000000000000000000000000000000000000000000000000000000000000000000000000000000000000000000000000000000000000000000000000000000000000000000000000000000000000000000000000000000000000000000000000000000000000000000000000000000000000000000000000000000000000000000000000000000000000000000000000000000000
402 0000000000000000000000000000000000000000000000000000000000000000000000000000000000000000000000000000000000000000000000000000000000000000000000000000000000000000000000000000000000000000000000000000000000000000000000000000000000000000000000000000000000000000000000000000000000000000000000000000000000000000000000000000000000000000000000000000
403 0000000000000000000000000000000000000000000000000000000000000000000000000000000000000000000000000000000000000000000000000000000000000000000000000000000000000000000000000000000000000000000000000000000000000000000000000000000000000000000000000000000000000000000000000000000000000000000000000000000000000000000000000000000000000000000000000000
404 0000000000000000000000000000000000000000000000000000000000000000000000000000000000000000000000000000000000000000000000000000000000000000000000000000000000000000000000000000000000000000000000000000000000000000000000000000000000000000000000000000000000000000000000000000000000000000000000000000000000000000000000000000000000000000000000000000
405 0000000000000000000000000000000000000000000000000000000000000000000000000000000000000000000000000000000000000000000000000000000000000000000000000000000000000000000000000000000000000000000000000000000000000000000000000000000000000000000000000000000000000000000000000000000000000000000000000000000000000000000000000000000000000000000000000000
406 0000000000000000000000000000000000000000000000000000000000000000000000000000000000000000000000000000000000000000000000000000000000000000000000000000000000000000000000000000000000000000000000000000000000000000000000000000000000000000000000000000000000000000000000000000000000000000000000000000000000000000000000000000000000000000000000000000
407 0000000000000000000000000000000000000000000000000000000000000000000000000000000000000000000000000000000000000000000000000000000000000000000000000000000000000000000000000000000000000000000000000000000000000000000000000000000000000000000000000000000000000000000000000000000000000000000000000000000000000000000000000000000000000000000000000000
408 0000000000000000000000000000000000000000000000000000000000000000000000000000000000000000000000000000000000000000000000000000000000000000000000000000000000000000000000000000000000000000000000000000000000000000000000000000000000000000000000000000000000000000000000000000000000000000000000000000000000000000000000000000000000000000000000000000
409 0000000000000000000000000000000000000000000000000000000000000000000000000000000000000000000000000000000000000000000000000000000000000000000000000000000000000000000000000000000000000000000000000000000000000000000000000000000000000000000000000000000000000000000000000000000000000000000000000000000000000000000000000000000000000000000000000000
410 0000000000000000000000000000000000000000000000000000000000000000000000000000000000000000000000000000000000000000000000000000000000000000000000000000000000000000000000000000000000000000000000000000000000000000000000000000000000000000000000000000000000000000000000000000000000000000000000000000000000000000000000000000000000000000000000000000
411 0000000000000000000000000000000000000000000000000000000000000000000000000000000000000000000000000000000000000000000000000000000000000000000000000000000000000000000000000000000000000000000000000000000000000000000000000000000000000000000000000000000000000000000000000000000000000000000000000000000000000000000000000000000000000000000000000000
412 0000000000000000000000000000000000000000000000000000000000000000000000000000000000000000000000000000000000000000000000000000000000000000000000000000000000000000000000000000000000000000000000000000000000000000000000000000000000000000000000000000000000000000000000000000000000000000000000000000000000000000000000000000000000000000000000000000
413 0000000000000000000000000000000000000000000000000000000000000000000000000000000000000000000000000000000000000000000000000000000000000000000000000000000000000000000000000000000000000000000000000000000000000000000000000000000000000000000000000000000000000000000000000000000000000000000000000000000000000000000000000000000000000000000000000000
414 0000000000000000000000000000000000000000000000000000000000000000000000000000000000000000000000000000000000000000000000000000000000000000000000000000000000000000000000000000000000000000000000000000000000000000000000000000000000000000000000000000000000000000000000000000000000000000000000000000000000000000000000000000000000000000000000000000
415 0000000000000000000000000000000000000000000000000000000000000000000000000000000000000000000000000000000000000000000000000000000000000000000000000000000000000000000000000000000000000000000000000000000000000000000000000000000000000000000000000000000000000000000000000000000000000000000000000000000000000000000000000000000000000000000000000000
416 0000000000000000000000000000000000000000000000000000000000000000000000000000000000000000000000000000000000000000000000000000000000000000000000000000000000000000000000000000000000000000000000000000000000000000000000000000000000000000000000000000000000000000000000000000000000000000000000000000000000000000000000000000000000000000000000000000
417 0000000000000000000000000000000000000000000000000000000000000000000000000000000000000000000000000000000000000000000000000000000000000000000000000000000000000000000000000000000000000000000000000000000000000000000000000000000000000000000000000000000000000000000000000000000000000000000000000000000000000000000000000000000000000000000000000000
418 0000000000000000000000000000000000000000000000000000000000000000000000000000000000000000000000000000000000000000000000000000000000000000000000000000000000000000000000000000000000000000000000000000000000000000000000000000000000000000000000000000000000000000000000000000000000000000000000000000000000000000000000000000000000000000000000000000
419 0000000000000000000000000000000000000000000000000000000000000000000000000000000000000000000000000000000000000000000000000000000000000000000000000000000000000000000000000000000000000000000000000000000000000000000000000000000000000000000000000000000000000000000000000000000000000000000000000000000000000000000000000000000000000000000000000000
420 0000000000000000000000000000000000000000000000000000000000000000000000000000000000000000000000000000000000000000000000000000000000000000000000000000000000000000000000000000000000000000000000000000000000000000000000000000000000000000000000000000000000000000000000000000000000000000000000000000000000000000000000000000000000000000000000000000
421 0000000000000000000000000000000000000000000000000000000000000000000000000000000000000000000000000000000000000000000000000000000000000000000000000000000000000000000000000000000000000000000000000000000000000000000000000000000000000000000000000000000000000000000000000000000000000000000000000000000000000000000000000000000000000000000000000000
422 0000000000000000000000000000000000000000000000000000000000000000000000000000000000000000000000000000000000000000000000000000000000000000000000000000000000000000000000000000000000000000000000000000000000000000000000000000000000000000000000000000000000000000000000000000000000000000000000000000000000000000000000000000000000000000000000000000
423 0000000000000000000000000000000000000000000000000000000000000000000000000000000000000000000000000000000000000000000000000000000000000000000000000000000000000000000000000000000000000000000000000000000000000000000000000000000000000000000000000000000000000000000000000000000000000000000000000000000000000000000000000000000000000000000000000000
424 0000000000000000000000000000000000000000000000000000000000000000000000000000000000000000000000000000000000000000000000000000000000000000000000000000000000000000000000000000000000000000000000000000000000000000000000000000000000000000000000000000000000000000000000000000000000000000000000000000000000000000000000000000000000000000000000000000
425 0000000000000000000000000000000000000000000000000000000000000000000000000000000000000000000000000000000000000000000000000000000000000000000000000000000000000000000000000000000000000000000000000000000000000000000000000000000000000000000000000000000000000000000000000000000000000000000000000000000000000000000000000000000000000000000000000000
426 0000000000000000000000000000000000000000000000000000000000000000000000000000000000000000000000000000000000000000000000000000000000000000000000000000000000000000000000000000000000000000000000000000000000000000000000000000000000000000000000000000000000000000000000000000000000000000000000000000000000000000000000000000000000000000000000000000
427 0000000000000000000000000000000000000000000000000000000000000000000000000000000000000000000000000000000000000000000000000000000000000000000000000000000000000000000000000000000000000000000000000000000000000000000000000000000000000000000000000000000000000000000000000000000000000000000000000000000000000000000000000000000000000000000000000000
428 0000000000000000000000000000000000000000000000000000000000000000000000000000000000000000000000000000000000000000000000000000000000000000000000000000000000000000000000000000000000000000000000000000000000000000000000000000000000000000000000000000000000000000000000000000000000000000000000000000000000000000000000000000000000000000000000000000
429 0000000000000000000000000000000000000000000000000000000000000000000000000000000000000000000000000000000000000000000000000000000000000000000000000000000000000000000000000000000000000000000000000000000000000000000000000000000000000000000000000000000000000000000000000000000000000000000000000000000000000000000000000000000000000000000000000000
430 0000000000000000000000000000000000000000000000000000000000000000000000000000000000000000000000000000000000000000000000000000000000000000000000000000000000000000000000000000000000000000000000000000000000000000000000000000000000000000000000000000000000000000000000000000000000000000000000000000000000000000000000000000000000000000000000000000
431 0000000000000000000000000000000000000000000000000000000000000000000000000000000000000000000000000000000000000000000000000000000000000000000000000000000000000000000000000000000000000000000000000000000000000000000000000000000000000000000000000000000000000000000000000000000000000000000000000000000000000000000000000000000000000000000000000000
432 0000000000000000000000000000000000000000000000000000000000000000000000000000000000000000000000000000000000000000000000000000000000000000000000000000000000000000000000000000000000000000000000000000000000000000000000000000000000000000000000000000000000000000000000000000000000000000000000000000000000000000000000000000000000000000000000000000
433 0000000000000000000000000000000000000000000000000000000000000000000000000000000000000000000000000000000000000000000000000000000000000000000000000000000000000000000000000000000000000000000000000000000000000000000000000000000000000000000000000000000000000000000000000000000000000000000000000000000000000000000000000000000000000000000000000000
434 0000000000000000000000000000000000000000000000000000000000000000000000000000000000000000000000000000000000000000000000000000000000000000000000000000000000000000000000000000000000000000000000000000000000000000000000000000000000000000000000000000000000000000000000000000000000000000000000000000000000000000000000000000000000000000000000000000
435 0000000000000000000000000000000000000000000000000000000000000000000000000000000000000000000000000000000000000000000000000000000000000000000000000000000000000000000000000000000000000000000000000000000000000000000000000000000000000000000000000000000000000000000000000000000000000000000000000000000000000000000000000000000000000000000000000000
436 0000000000000000000000000000000000000000000000000000000000000000000000000000000000000000000000000000000000000000000000000000000000000000000000000000000000000000000000000000000000000000000000000000000000000000000000000000000000000000000000000000000000000000000000000000000000000000000000000000000000000000000000000000000000000000000000000000
437 0000000000000000000000000000000000000000000000000000000000000000000000000000000000000000000000000000000000000000000000000000000000000000000000000000000000000000000000000000000000000000000000000000000000000000000000000000000000000000000000000000000000000000000000000000000000000000000000000000000000000000000000000000000000000000000000000000
438 0000000000000000000000000000000000000000000000000000000000000000000000000000000000000000000000000000000000000000000000000000000000000000000000000000000000000000000000000000000000000000000000000000000000000000000000000000000000000000000000000000000000000000000000000000000000000000000000000000000000000000000000000000000000000000000000000000
439 0000000000000000000000000000000000000000000000000000000000000000000000000000000000000000000000000000000000000000000000000000000000000000000000000000000000000000000000000000000000000000000000000000000000000000000000000000000000000000000000000000000000000000000000000000000000000000000000000000000000000000000000000000000000000000000000000000
440 0000000000000000000000000000000000000000000000000000000000000000000000000000000000000000000000000000000000000000000000000000000000000000000000000000000000000000000000000000000000000000000000000000000000000000000000000000000000000000000000000000000000000000000000000000000000000000000000000000000000000000000000000000000000000000000000000000
441 0000000000000000000000000000000000000000000000000000000000000000000000000000000000000000000000000000000000000000000000000000000000000000000000000000000000000000000000000000000000000000000000000000000000000000000000000000000000000000000000000000000000000000000000000000000000000000000000000000000000000000000000000000000000000000000000000000
442 0000000000000000000000000000000000000000000000000000000000000000000000000000000000000000000000000000000000000000000000000000000000000000000000000000000000000000000000000000000000000000000000000000000000000000000000000000000000000000000000000000000000000000000000000000000000000000000000000000000000000000000000000000000000000000000000000000
443 0000000000000000000000000000000000000000000000000000000000000000000000000000000000000000000000000000000000000000000000000000000000000000000000000000000000000000000000000000000000000000000000000000000000000000000000000000000000000000000000000000000000000000000000000000000000000000000000000000000000000000000000000000000000000000000000000000
444 0000000000000000000000000000000000000000000000000000000000000000000000000000000000000000000000000000000000000000000000000000000000000000000000000000000000000000000000000000000000000000000000000000000000000000000000000000000000000000000000000000000000000000000000000000000000000000000000000000000000000000000000000000000000000000000000000000
445 0000000000000000000000000000000000000000000000000000000000000000000000000000000000000000000000000000000000000000000000000000000000000000000000000000000000000000000000000000000000000000000000000000000000000000000000000000000000000000000000000000000000000000000000000000000000000000000000000000000000000000000000000000000000000000000000000000
446 0000000000000000000000000000000000000000000000000000000000000000000000000000000000000000000000000000000000000000000000000000000000000000000000000000000000000000000000000000000000000000000000000000000000000000000000000000000000000000000000000000000000000000000000000000000000000000000000000000000000000000000000000000000000000000000000000000
447 0000000000000000000000000000000000000000000000000000000000000000000000000000000000000000000000000000000000000000000000000000000000000000000000000000000000000000000000000000000000000000000000000000000000000000000000000000000000000000000000000000000000000000000000000000000000000000000000000000000000000000000000000000000000000000000000000000
448 0000000000000000000000000000000000000000000000000000000000000000000000000000000000000000000000000000000000000000000000000000000000000000000000000000000000000000000000000000000000000000000000000000000000000000000000000000000000000000000000000000000000000000000000000000000000000000000000000000000000000000000000000000000000000000000000000000
449 0000000000000000000000000000000000000000000000000000000000000000000000000000000000000000000000000000000000000000000000000000000000000000000000000000000000000000000000000000000000000000000000000000000000000000000000000000000000000000000000000000000000000000000000000000000000000000000000000000000000000000000000000000000000000000000000000000
450 0000000000000000000000000000000000000000000000000000000000000000000000000000000000000000000000000000000000000000000000000000000000000000000000000000000000000000000000000000000000000000000000000000000000000000000000000000000000000000000000000000000000000000000000000000000000000000000000000000000000000000000000000000000000000000000000000000
451 0000000000000000000000000000000000000000000000000000000000000000000000000000000000000000000000000000000000000000000000000000000000000000000000000000000000000000000000000000000000000000000000000000000000000000000000000000000000000000000000000000000000000000000000000000000000000000000000000000000000000000000000000000000000000000000000000000
452 0000000000000000000000000000000000000000000000000000000000000000000000000000000000000000000000000000000000000000000000000000000000000000000000000000000000000000000000000000000000000000000000000000000000000000000000000000000000000000000000000000000000000000000000000000000000000000000000000000000000000000000000000000000000000000000000000000
453 0000000000000000000000000000000000000000000000000000000000000000000000000000000000000000000000000000000000000000000000000000000000000000000000000000000000000000000000000000000000000000000000000000000000000000000000000000000000000000000000000000000000000000000000000000000000000000000000000000000000000000000000000000000000000000000000000000
454 0000000000000000000000000000000000000000000000000000000000000000000000000000000000000000000000000000000000000000000000000000000000000000000000000000000000000000000000000000000000000000000000000000000000000000000000000000000000000000000000000000000000000000000000000000000000000000000000000000000000000000000000000000000000000000000000000000
455 0000000000000000000000000000000000000000000000000000000000000000000000000000000000000000000000000000000000000000000000000000000000000000000000000000000000000000000000000000000000000000000000000000000000000000000000000000000000000000000000000000000000000000000000000000000000000000000000000000000000000000000000000000000000000000000000000000
456 0000000000000000000000000000000000000000000000000000000000000000000000000000000000000000000000000000000000000000000000000000000000000000000000000000000000000000000000000000000000000000000000000000000000000000000000000000000000000000000000000000000000000000000000000000000000000000000000000000000000000000000000000000000000000000000000000000
457 0000000000000000000000000000000000000000000000000000000000000000000000000000000000000000000000000000000000000000000000000000000000000000000000000000000000000000000000000000000000000000000000000000000000000000000000000000000000000000000000000000000000000000000000000000000000000000000000000000000000000000000000000000000000000000000000000000
458 0000000000000000000000000000000000000000000000000000000000000000000000000000000000000000000000000000000000000000000000000000000000000000000000000000000000000000000000000000000000000000000000000000000000000000000000000000000000000000000000000000000000000000000000000000000000000000000000000000000000000000000000000000000000000000000000000000
459 0000000000000000000000000000000000000000000000000000000000000000000000000000000000000000000000000000000000000000000000000000000000000000000000000000000000000000000000000000000000000000000000000000000000000000000000000000000000000000000000000000000000000000000000000000000000000000000000000000000000000000000000000000000000000000000000000000
460 0000000000000000000000000000000000000000000000000000000000000000000000000000000000000000000000000000000000000000000000000000000000000000000000000000000000000000000000000000000000000000000000000000000000000000000000000000000000000000000000000000000000000000000000000000000000000000000000000000000000000000000000000000000000000000000000000000
461 0000000000000000000000000000000000000000000000000000000000000000000000000000000000000000000000000000000000000000000000000000000000000000000000000000000000000000000000000000000000000000000000000000000000000000000000000000000000000000000000000000000000000000000000000000000000000000000000000000000000000000000000000000000000000000000000000000
462 0000000000000000000000000000000000000000000000000000000000000000000000000000000000000000000000000000000000000000000000000000000000000000000000000000000000000000000000000000000000000000000000000000000000000000000000000000000000000000000000000000000000000000000000000000000000000000000000000000000000000000000000000000000000000000000000000000
463 0000000000000000000000000000000000000000000000000000000000000000000000000000000000000000000000000000000000000000000000000000000000000000000000000000000000000000000000000000000000000000000000000000000000000000000000000000000000000000000000000000000000000000000000000000000000000000000000000000000000000000000000000000000000000000000000000000
464 0000000000000000000000000000000000000000000000000000000000000000000000000000000000000000000000000000000000000000000000000000000000000000000000000000000000000000000000000000000000000000000000000000000000000000000000000000000000000000000000000000000000000000000000000000000000000000000000000000000000000000000000000000000000000000000000000000
465 0000000000000000000000000000000000000000000000000000000000000000000000000000000000000000000000000000000000000000000000000000000000000000000000000000000000000000000000000000000000000000000000000000000000000000000000000000000000000000000000000000000000000000000000000000000000000000000000000000000000000000000000000000000000000000000000000000
466 0000000000000000000000000000000000000000000000000000000000000000000000000000000000000000000000000000000000000000000000000000000000000000000000000000000000000000000000000000000000000000000000000000000000000000000000000000000000000000000000000000000000000000000000000000000000000000000000000000000000000000000000000000000000000000000000000000
467 0000000000000000000000000000000000000000000000000000000000000000000000000000000000000000000000000000000000000000000000000000000000000000000000000000000000000000000000000000000000000000000000000000000000000000000000000000000000000000000000000000000000000000000000000000000000000000000000000000000000000000000000000000000000000000000000000000
468 0000000000000000000000000000000000000000000000000000000000000000000000000000000000000000000000000000000000000000000000000000000000000000000000000000000000000000000000000000000000000000000000000000000000000000000000000000000000000000000000000000000000000000000000000000000000000000000000000000000000000000000000000000000000000000000000000000
469 0000000000000000000000000000000000000000000000000000000000000000000000000000000000000000000000000000000000000000000000000000000000000000000000000000000000000000000000000000000000000000000000000000000000000000000000000000000000000000000000000000000000000000000000000000000000000000000000000000000000000000000000000000000000000000000000000000
470 0000000000000000000000000000000000000000000000000000000000000000000000000000000000000000000000000000000000000000000000000000000000000000000000000000000000000000000000000000000000000000000000000000000000000000000000000000000000000000000000000000000000000000000000000000000000000000000000000000000000000000000000000000000000000000000000000000
471 0000000000000000000000000000000000000000000000000000000000000000000000000000000000000000000000000000000000000000000000000000000000000000000000000000000000000000000000000000000000000000000000000000000000000000000000000000000000000000000000000000000000000000000000000000000000000000000000000000000000000000000000000000000000000000000000000000
472 0000000000000000000000000000000000000000000000000000000000000000000000000000000000000000000000000000000000000000000000000000000000000000000000000000000000000000000000000000000000000000000000000000000000000000000000000000000000000000000000000000000000000000000000000000000000000000000000000000000000000000000000000000000000000000000000000000
473 0000000000000000000000000000000000000000000000000000000000000000000000000000000000000000000000000000000000000000000000000000000000000000000000000000000000000000000000000000000000000000000000000000000000000000000000000000000000000000000000000000000000000000000000000000000000000000000000000000000000000000000000000000000000000000000000000000
474 0000000000000000000000000000000000000000000000000000000000000000000000000000000000000000000000000000000000000000000000000000000000000000000000000000000000000000000000000000000000000000000000000000000000000000000000000000000000000000000000000000000000000000000000000000000000000000000000000000000000000000000000000000000000000000000000000000
475 0000000000000000000000000000000000000000000000000000000000000000000000000000000000000000000000000000000000000000000000000000000000000000000000000000000000000000000000000000000000000000000000000000000000000000000000000000000000000000000000000000000000000000000000000000000000000000000000000000000000000000000000000000000000000000000000000000
476 0000000000000000000000000000000000000000000000000000000000000000000000000000000000000000000000000000000000000000000000000000000000000000000000000000000000000000000000000000000000000000000000000000000000000000000000000000000000000000000000000000000000000000000000000000000000000000000000000000000000000000000000000000000000000000000000000000
